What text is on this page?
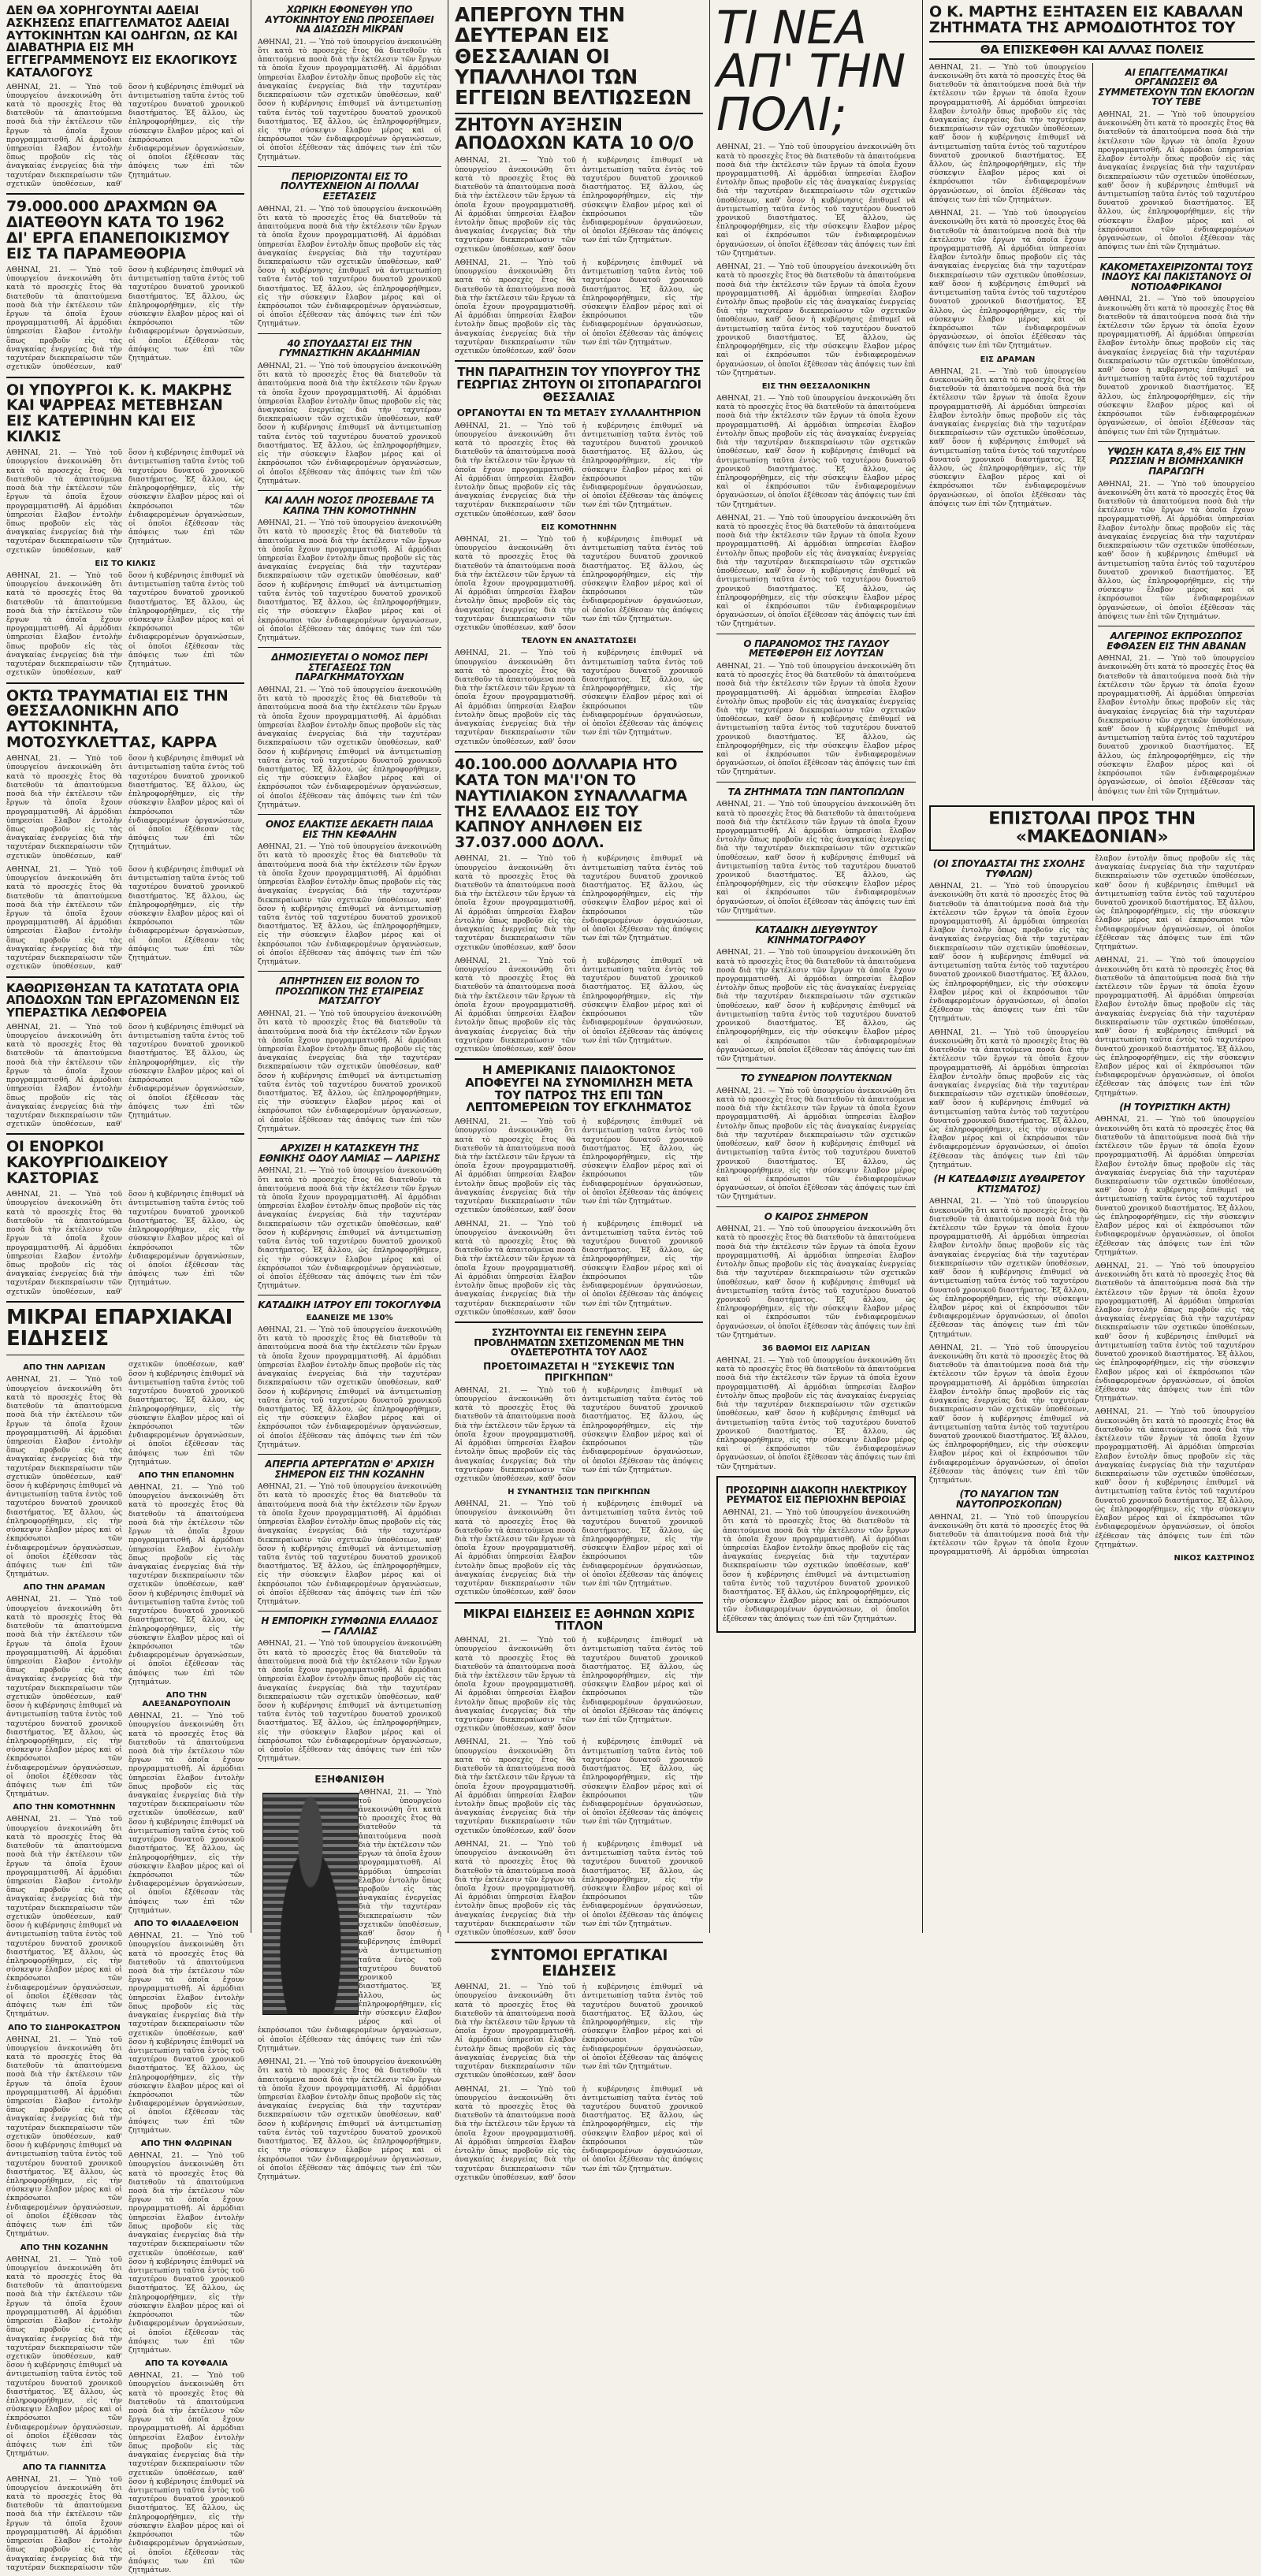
ΔΕΝ ΘΑ ΧΟΡΗΓΟΥΝΤΑΙ ΑΔΕΙΑΙ ΑΣΚΗΣΕΩΣ ΕΠΑΓΓΕΛΜΑΤΟΣ ΑΔΕΙΑΙ ΑΥΤΟΚΙΝΗΤΩΝ ΚΑΙ ΟΔΗΓΩΝ, ΩΣ ΚΑΙ ΔΙΑΒΑΤΗΡΙΑ ΕΙΣ ΜΗ ΕΓΓΕΓΡΑΜΜΕΝΟΥΣ ΕΙΣ ΕΚΛΟΓΙΚΟΥΣ ΚΑΤΑΛΟΓΟΥΣ

ΑΘΗΝΑΙ, 21. — Ὑπὸ τοῦ ὑπουργείου ἀνεκοινώθη ὅτι κατὰ τὸ προσεχὲς ἔτος θὰ διατεθοῦν τὰ ἀπαιτούμενα ποσὰ διὰ τὴν ἐκτέλεσιν τῶν ἔργων τὰ ὁποῖα ἔχουν προγραμματισθῆ. Αἱ ἀρμόδιαι ὑπηρεσίαι ἔλαβον ἐντολὴν ὅπως προβοῦν εἰς τὰς ἀναγκαίας ἐνεργείας διὰ τὴν ταχυτέραν διεκπεραίωσιν τῶν σχετικῶν ὑποθέσεων, καθ' ὅσον ἡ κυβέρνησις ἐπιθυμεῖ νὰ ἀντιμετωπίσῃ ταῦτα ἐντὸς τοῦ ταχυτέρου δυνατοῦ χρονικοῦ διαστήματος. Ἐξ ἄλλου, ὡς ἐπληροφορήθημεν, εἰς τὴν σύσκεψιν ἔλαβον μέρος καὶ οἱ ἐκπρόσωποι τῶν ἐνδιαφερομένων ὀργανώσεων, οἱ ὁποῖοι ἐξέθεσαν τὰς ἀπόψεις των ἐπὶ τῶν ζητημάτων.

79.000.000 ΔΡΑΧΜΩΝ ΘΑ ΔΙΑΤΕΘΟΥΝ ΚΑΤΑ ΤΟ 1962 ΔΙ' ΕΡΓΑ ΕΠΑΝΕΠΟΙΚΙΣΜΟΥ ΕΙΣ ΤΑ ΠΑΡΑΜΕΘΟΡΙΑ

ΑΘΗΝΑΙ, 21. — Ὑπὸ τοῦ ὑπουργείου ἀνεκοινώθη ὅτι κατὰ τὸ προσεχὲς ἔτος θὰ διατεθοῦν τὰ ἀπαιτούμενα ποσὰ διὰ τὴν ἐκτέλεσιν τῶν ἔργων τὰ ὁποῖα ἔχουν προγραμματισθῆ. Αἱ ἀρμόδιαι ὑπηρεσίαι ἔλαβον ἐντολὴν ὅπως προβοῦν εἰς τὰς ἀναγκαίας ἐνεργείας διὰ τὴν ταχυτέραν διεκπεραίωσιν τῶν σχετικῶν ὑποθέσεων, καθ' ὅσον ἡ κυβέρνησις ἐπιθυμεῖ νὰ ἀντιμετωπίσῃ ταῦτα ἐντὸς τοῦ ταχυτέρου δυνατοῦ χρονικοῦ διαστήματος. Ἐξ ἄλλου, ὡς ἐπληροφορήθημεν, εἰς τὴν σύσκεψιν ἔλαβον μέρος καὶ οἱ ἐκπρόσωποι τῶν ἐνδιαφερομένων ὀργανώσεων, οἱ ὁποῖοι ἐξέθεσαν τὰς ἀπόψεις των ἐπὶ τῶν ζητημάτων.

ΟΙ ΥΠΟΥΡΓΟΙ Κ. Κ. ΜΑΚΡΗΣ ΚΑΙ ΨΑΡΡΕΑΣ ΜΕΤΕΒΗΣΑΝ ΕΙΣ ΚΑΤΕΡΙΝΗΝ ΚΑΙ ΕΙΣ ΚΙΛΚΙΣ

ΑΘΗΝΑΙ, 21. — Ὑπὸ τοῦ ὑπουργείου ἀνεκοινώθη ὅτι κατὰ τὸ προσεχὲς ἔτος θὰ διατεθοῦν τὰ ἀπαιτούμενα ποσὰ διὰ τὴν ἐκτέλεσιν τῶν ἔργων τὰ ὁποῖα ἔχουν προγραμματισθῆ. Αἱ ἀρμόδιαι ὑπηρεσίαι ἔλαβον ἐντολὴν ὅπως προβοῦν εἰς τὰς ἀναγκαίας ἐνεργείας διὰ τὴν ταχυτέραν διεκπεραίωσιν τῶν σχετικῶν ὑποθέσεων, καθ' ὅσον ἡ κυβέρνησις ἐπιθυμεῖ νὰ ἀντιμετωπίσῃ ταῦτα ἐντὸς τοῦ ταχυτέρου δυνατοῦ χρονικοῦ διαστήματος. Ἐξ ἄλλου, ὡς ἐπληροφορήθημεν, εἰς τὴν σύσκεψιν ἔλαβον μέρος καὶ οἱ ἐκπρόσωποι τῶν ἐνδιαφερομένων ὀργανώσεων, οἱ ὁποῖοι ἐξέθεσαν τὰς ἀπόψεις των ἐπὶ τῶν ζητημάτων.

ΕΙΣ ΤΟ ΚΙΛΚΙΣ

ΑΘΗΝΑΙ, 21. — Ὑπὸ τοῦ ὑπουργείου ἀνεκοινώθη ὅτι κατὰ τὸ προσεχὲς ἔτος θὰ διατεθοῦν τὰ ἀπαιτούμενα ποσὰ διὰ τὴν ἐκτέλεσιν τῶν ἔργων τὰ ὁποῖα ἔχουν προγραμματισθῆ. Αἱ ἀρμόδιαι ὑπηρεσίαι ἔλαβον ἐντολὴν ὅπως προβοῦν εἰς τὰς ἀναγκαίας ἐνεργείας διὰ τὴν ταχυτέραν διεκπεραίωσιν τῶν σχετικῶν ὑποθέσεων, καθ' ὅσον ἡ κυβέρνησις ἐπιθυμεῖ νὰ ἀντιμετωπίσῃ ταῦτα ἐντὸς τοῦ ταχυτέρου δυνατοῦ χρονικοῦ διαστήματος. Ἐξ ἄλλου, ὡς ἐπληροφορήθημεν, εἰς τὴν σύσκεψιν ἔλαβον μέρος καὶ οἱ ἐκπρόσωποι τῶν ἐνδιαφερομένων ὀργανώσεων, οἱ ὁποῖοι ἐξέθεσαν τὰς ἀπόψεις των ἐπὶ τῶν ζητημάτων.

ΟΚΤΩ ΤΡΑΥΜΑΤΙΑΙ ΕΙΣ ΤΗΝ ΘΕΣΣΑΛΟΝΙΚΗΝ ΑΠΟ ΑΥΤΟΚΙΝΗΤΑ, ΜΟΤΟΣΥΚΛΕΤΤΑΣ, ΚΑΡΡΑ

ΑΘΗΝΑΙ, 21. — Ὑπὸ τοῦ ὑπουργείου ἀνεκοινώθη ὅτι κατὰ τὸ προσεχὲς ἔτος θὰ διατεθοῦν τὰ ἀπαιτούμενα ποσὰ διὰ τὴν ἐκτέλεσιν τῶν ἔργων τὰ ὁποῖα ἔχουν προγραμματισθῆ. Αἱ ἀρμόδιαι ὑπηρεσίαι ἔλαβον ἐντολὴν ὅπως προβοῦν εἰς τὰς ἀναγκαίας ἐνεργείας διὰ τὴν ταχυτέραν διεκπεραίωσιν τῶν σχετικῶν ὑποθέσεων, καθ' ὅσον ἡ κυβέρνησις ἐπιθυμεῖ νὰ ἀντιμετωπίσῃ ταῦτα ἐντὸς τοῦ ταχυτέρου δυνατοῦ χρονικοῦ διαστήματος. Ἐξ ἄλλου, ὡς ἐπληροφορήθημεν, εἰς τὴν σύσκεψιν ἔλαβον μέρος καὶ οἱ ἐκπρόσωποι τῶν ἐνδιαφερομένων ὀργανώσεων, οἱ ὁποῖοι ἐξέθεσαν τὰς ἀπόψεις των ἐπὶ τῶν ζητημάτων.

ΑΘΗΝΑΙ, 21. — Ὑπὸ τοῦ ὑπουργείου ἀνεκοινώθη ὅτι κατὰ τὸ προσεχὲς ἔτος θὰ διατεθοῦν τὰ ἀπαιτούμενα ποσὰ διὰ τὴν ἐκτέλεσιν τῶν ἔργων τὰ ὁποῖα ἔχουν προγραμματισθῆ. Αἱ ἀρμόδιαι ὑπηρεσίαι ἔλαβον ἐντολὴν ὅπως προβοῦν εἰς τὰς ἀναγκαίας ἐνεργείας διὰ τὴν ταχυτέραν διεκπεραίωσιν τῶν σχετικῶν ὑποθέσεων, καθ' ὅσον ἡ κυβέρνησις ἐπιθυμεῖ νὰ ἀντιμετωπίσῃ ταῦτα ἐντὸς τοῦ ταχυτέρου δυνατοῦ χρονικοῦ διαστήματος. Ἐξ ἄλλου, ὡς ἐπληροφορήθημεν, εἰς τὴν σύσκεψιν ἔλαβον μέρος καὶ οἱ ἐκπρόσωποι τῶν ἐνδιαφερομένων ὀργανώσεων, οἱ ὁποῖοι ἐξέθεσαν τὰς ἀπόψεις των ἐπὶ τῶν ζητημάτων.

ΚΑΘΩΡΙΣΘΗΣΑΝ ΤΑ ΚΑΤΩΤΑΤΑ ΟΡΙΑ ΑΠΟΔΟΧΩΝ ΤΩΝ ΕΡΓΑΖΟΜΕΝΩΝ ΕΙΣ ΥΠΕΡΑΣΤΙΚΑ ΛΕΩΦΟΡΕΙΑ

ΑΘΗΝΑΙ, 21. — Ὑπὸ τοῦ ὑπουργείου ἀνεκοινώθη ὅτι κατὰ τὸ προσεχὲς ἔτος θὰ διατεθοῦν τὰ ἀπαιτούμενα ποσὰ διὰ τὴν ἐκτέλεσιν τῶν ἔργων τὰ ὁποῖα ἔχουν προγραμματισθῆ. Αἱ ἀρμόδιαι ὑπηρεσίαι ἔλαβον ἐντολὴν ὅπως προβοῦν εἰς τὰς ἀναγκαίας ἐνεργείας διὰ τὴν ταχυτέραν διεκπεραίωσιν τῶν σχετικῶν ὑποθέσεων, καθ' ὅσον ἡ κυβέρνησις ἐπιθυμεῖ νὰ ἀντιμετωπίσῃ ταῦτα ἐντὸς τοῦ ταχυτέρου δυνατοῦ χρονικοῦ διαστήματος. Ἐξ ἄλλου, ὡς ἐπληροφορήθημεν, εἰς τὴν σύσκεψιν ἔλαβον μέρος καὶ οἱ ἐκπρόσωποι τῶν ἐνδιαφερομένων ὀργανώσεων, οἱ ὁποῖοι ἐξέθεσαν τὰς ἀπόψεις των ἐπὶ τῶν ζητημάτων.

ΟΙ ΕΝΟΡΚΟΙ ΚΑΚΟΥΡΓΙΟΔΙΚΕΙΟΥ ΚΑΣΤΟΡΙΑΣ

ΑΘΗΝΑΙ, 21. — Ὑπὸ τοῦ ὑπουργείου ἀνεκοινώθη ὅτι κατὰ τὸ προσεχὲς ἔτος θὰ διατεθοῦν τὰ ἀπαιτούμενα ποσὰ διὰ τὴν ἐκτέλεσιν τῶν ἔργων τὰ ὁποῖα ἔχουν προγραμματισθῆ. Αἱ ἀρμόδιαι ὑπηρεσίαι ἔλαβον ἐντολὴν ὅπως προβοῦν εἰς τὰς ἀναγκαίας ἐνεργείας διὰ τὴν ταχυτέραν διεκπεραίωσιν τῶν σχετικῶν ὑποθέσεων, καθ' ὅσον ἡ κυβέρνησις ἐπιθυμεῖ νὰ ἀντιμετωπίσῃ ταῦτα ἐντὸς τοῦ ταχυτέρου δυνατοῦ χρονικοῦ διαστήματος. Ἐξ ἄλλου, ὡς ἐπληροφορήθημεν, εἰς τὴν σύσκεψιν ἔλαβον μέρος καὶ οἱ ἐκπρόσωποι τῶν ἐνδιαφερομένων ὀργανώσεων, οἱ ὁποῖοι ἐξέθεσαν τὰς ἀπόψεις των ἐπὶ τῶν ζητημάτων.

ΜΙΚΡΑΙ ΕΠΑΡΧΙΑΚΑΙ ΕΙΔΗΣΕΙΣ
ΑΠΟ ΤΗΝ ΛΑΡΙΣΑΝ

ΑΘΗΝΑΙ, 21. — Ὑπὸ τοῦ ὑπουργείου ἀνεκοινώθη ὅτι κατὰ τὸ προσεχὲς ἔτος θὰ διατεθοῦν τὰ ἀπαιτούμενα ποσὰ διὰ τὴν ἐκτέλεσιν τῶν ἔργων τὰ ὁποῖα ἔχουν προγραμματισθῆ. Αἱ ἀρμόδιαι ὑπηρεσίαι ἔλαβον ἐντολὴν ὅπως προβοῦν εἰς τὰς ἀναγκαίας ἐνεργείας διὰ τὴν ταχυτέραν διεκπεραίωσιν τῶν σχετικῶν ὑποθέσεων, καθ' ὅσον ἡ κυβέρνησις ἐπιθυμεῖ νὰ ἀντιμετωπίσῃ ταῦτα ἐντὸς τοῦ ταχυτέρου δυνατοῦ χρονικοῦ διαστήματος. Ἐξ ἄλλου, ὡς ἐπληροφορήθημεν, εἰς τὴν σύσκεψιν ἔλαβον μέρος καὶ οἱ ἐκπρόσωποι τῶν ἐνδιαφερομένων ὀργανώσεων, οἱ ὁποῖοι ἐξέθεσαν τὰς ἀπόψεις των ἐπὶ τῶν ζητημάτων.

ΑΠΟ ΤΗΝ ΔΡΑΜΑΝ

ΑΘΗΝΑΙ, 21. — Ὑπὸ τοῦ ὑπουργείου ἀνεκοινώθη ὅτι κατὰ τὸ προσεχὲς ἔτος θὰ διατεθοῦν τὰ ἀπαιτούμενα ποσὰ διὰ τὴν ἐκτέλεσιν τῶν ἔργων τὰ ὁποῖα ἔχουν προγραμματισθῆ. Αἱ ἀρμόδιαι ὑπηρεσίαι ἔλαβον ἐντολὴν ὅπως προβοῦν εἰς τὰς ἀναγκαίας ἐνεργείας διὰ τὴν ταχυτέραν διεκπεραίωσιν τῶν σχετικῶν ὑποθέσεων, καθ' ὅσον ἡ κυβέρνησις ἐπιθυμεῖ νὰ ἀντιμετωπίσῃ ταῦτα ἐντὸς τοῦ ταχυτέρου δυνατοῦ χρονικοῦ διαστήματος. Ἐξ ἄλλου, ὡς ἐπληροφορήθημεν, εἰς τὴν σύσκεψιν ἔλαβον μέρος καὶ οἱ ἐκπρόσωποι τῶν ἐνδιαφερομένων ὀργανώσεων, οἱ ὁποῖοι ἐξέθεσαν τὰς ἀπόψεις των ἐπὶ τῶν ζητημάτων.

ΑΠΟ ΤΗΝ ΚΟΜΟΤΗΝΗΝ

ΑΘΗΝΑΙ, 21. — Ὑπὸ τοῦ ὑπουργείου ἀνεκοινώθη ὅτι κατὰ τὸ προσεχὲς ἔτος θὰ διατεθοῦν τὰ ἀπαιτούμενα ποσὰ διὰ τὴν ἐκτέλεσιν τῶν ἔργων τὰ ὁποῖα ἔχουν προγραμματισθῆ. Αἱ ἀρμόδιαι ὑπηρεσίαι ἔλαβον ἐντολὴν ὅπως προβοῦν εἰς τὰς ἀναγκαίας ἐνεργείας διὰ τὴν ταχυτέραν διεκπεραίωσιν τῶν σχετικῶν ὑποθέσεων, καθ' ὅσον ἡ κυβέρνησις ἐπιθυμεῖ νὰ ἀντιμετωπίσῃ ταῦτα ἐντὸς τοῦ ταχυτέρου δυνατοῦ χρονικοῦ διαστήματος. Ἐξ ἄλλου, ὡς ἐπληροφορήθημεν, εἰς τὴν σύσκεψιν ἔλαβον μέρος καὶ οἱ ἐκπρόσωποι τῶν ἐνδιαφερομένων ὀργανώσεων, οἱ ὁποῖοι ἐξέθεσαν τὰς ἀπόψεις των ἐπὶ τῶν ζητημάτων.

ΑΠΟ ΤΟ ΣΙΔΗΡΟΚΑΣΤΡΟΝ

ΑΘΗΝΑΙ, 21. — Ὑπὸ τοῦ ὑπουργείου ἀνεκοινώθη ὅτι κατὰ τὸ προσεχὲς ἔτος θὰ διατεθοῦν τὰ ἀπαιτούμενα ποσὰ διὰ τὴν ἐκτέλεσιν τῶν ἔργων τὰ ὁποῖα ἔχουν προγραμματισθῆ. Αἱ ἀρμόδιαι ὑπηρεσίαι ἔλαβον ἐντολὴν ὅπως προβοῦν εἰς τὰς ἀναγκαίας ἐνεργείας διὰ τὴν ταχυτέραν διεκπεραίωσιν τῶν σχετικῶν ὑποθέσεων, καθ' ὅσον ἡ κυβέρνησις ἐπιθυμεῖ νὰ ἀντιμετωπίσῃ ταῦτα ἐντὸς τοῦ ταχυτέρου δυνατοῦ χρονικοῦ διαστήματος. Ἐξ ἄλλου, ὡς ἐπληροφορήθημεν, εἰς τὴν σύσκεψιν ἔλαβον μέρος καὶ οἱ ἐκπρόσωποι τῶν ἐνδιαφερομένων ὀργανώσεων, οἱ ὁποῖοι ἐξέθεσαν τὰς ἀπόψεις των ἐπὶ τῶν ζητημάτων.

ΑΠΟ ΤΗΝ ΚΟΖΑΝΗΝ

ΑΘΗΝΑΙ, 21. — Ὑπὸ τοῦ ὑπουργείου ἀνεκοινώθη ὅτι κατὰ τὸ προσεχὲς ἔτος θὰ διατεθοῦν τὰ ἀπαιτούμενα ποσὰ διὰ τὴν ἐκτέλεσιν τῶν ἔργων τὰ ὁποῖα ἔχουν προγραμματισθῆ. Αἱ ἀρμόδιαι ὑπηρεσίαι ἔλαβον ἐντολὴν ὅπως προβοῦν εἰς τὰς ἀναγκαίας ἐνεργείας διὰ τὴν ταχυτέραν διεκπεραίωσιν τῶν σχετικῶν ὑποθέσεων, καθ' ὅσον ἡ κυβέρνησις ἐπιθυμεῖ νὰ ἀντιμετωπίσῃ ταῦτα ἐντὸς τοῦ ταχυτέρου δυνατοῦ χρονικοῦ διαστήματος. Ἐξ ἄλλου, ὡς ἐπληροφορήθημεν, εἰς τὴν σύσκεψιν ἔλαβον μέρος καὶ οἱ ἐκπρόσωποι τῶν ἐνδιαφερομένων ὀργανώσεων, οἱ ὁποῖοι ἐξέθεσαν τὰς ἀπόψεις των ἐπὶ τῶν ζητημάτων.

ΑΠΟ ΤΑ ΓΙΑΝΝΙΤΣΑ

ΑΘΗΝΑΙ, 21. — Ὑπὸ τοῦ ὑπουργείου ἀνεκοινώθη ὅτι κατὰ τὸ προσεχὲς ἔτος θὰ διατεθοῦν τὰ ἀπαιτούμενα ποσὰ διὰ τὴν ἐκτέλεσιν τῶν ἔργων τὰ ὁποῖα ἔχουν προγραμματισθῆ. Αἱ ἀρμόδιαι ὑπηρεσίαι ἔλαβον ἐντολὴν ὅπως προβοῦν εἰς τὰς ἀναγκαίας ἐνεργείας διὰ τὴν ταχυτέραν διεκπεραίωσιν τῶν σχετικῶν ὑποθέσεων, καθ' ὅσον ἡ κυβέρνησις ἐπιθυμεῖ νὰ ἀντιμετωπίσῃ ταῦτα ἐντὸς τοῦ ταχυτέρου δυνατοῦ χρονικοῦ διαστήματος. Ἐξ ἄλλου, ὡς ἐπληροφορήθημεν, εἰς τὴν σύσκεψιν ἔλαβον μέρος καὶ οἱ ἐκπρόσωποι τῶν ἐνδιαφερομένων ὀργανώσεων, οἱ ὁποῖοι ἐξέθεσαν τὰς ἀπόψεις των ἐπὶ τῶν ζητημάτων.

ΑΠΟ ΤΗΝ ΕΠΑΝΟΜΗΝ

ΑΘΗΝΑΙ, 21. — Ὑπὸ τοῦ ὑπουργείου ἀνεκοινώθη ὅτι κατὰ τὸ προσεχὲς ἔτος θὰ διατεθοῦν τὰ ἀπαιτούμενα ποσὰ διὰ τὴν ἐκτέλεσιν τῶν ἔργων τὰ ὁποῖα ἔχουν προγραμματισθῆ. Αἱ ἀρμόδιαι ὑπηρεσίαι ἔλαβον ἐντολὴν ὅπως προβοῦν εἰς τὰς ἀναγκαίας ἐνεργείας διὰ τὴν ταχυτέραν διεκπεραίωσιν τῶν σχετικῶν ὑποθέσεων, καθ' ὅσον ἡ κυβέρνησις ἐπιθυμεῖ νὰ ἀντιμετωπίσῃ ταῦτα ἐντὸς τοῦ ταχυτέρου δυνατοῦ χρονικοῦ διαστήματος. Ἐξ ἄλλου, ὡς ἐπληροφορήθημεν, εἰς τὴν σύσκεψιν ἔλαβον μέρος καὶ οἱ ἐκπρόσωποι τῶν ἐνδιαφερομένων ὀργανώσεων, οἱ ὁποῖοι ἐξέθεσαν τὰς ἀπόψεις των ἐπὶ τῶν ζητημάτων.

ΑΠΟ ΤΗΝ ΑΛΕΞΑΝΔΡΟΥΠΟΛΙΝ

ΑΘΗΝΑΙ, 21. — Ὑπὸ τοῦ ὑπουργείου ἀνεκοινώθη ὅτι κατὰ τὸ προσεχὲς ἔτος θὰ διατεθοῦν τὰ ἀπαιτούμενα ποσὰ διὰ τὴν ἐκτέλεσιν τῶν ἔργων τὰ ὁποῖα ἔχουν προγραμματισθῆ. Αἱ ἀρμόδιαι ὑπηρεσίαι ἔλαβον ἐντολὴν ὅπως προβοῦν εἰς τὰς ἀναγκαίας ἐνεργείας διὰ τὴν ταχυτέραν διεκπεραίωσιν τῶν σχετικῶν ὑποθέσεων, καθ' ὅσον ἡ κυβέρνησις ἐπιθυμεῖ νὰ ἀντιμετωπίσῃ ταῦτα ἐντὸς τοῦ ταχυτέρου δυνατοῦ χρονικοῦ διαστήματος. Ἐξ ἄλλου, ὡς ἐπληροφορήθημεν, εἰς τὴν σύσκεψιν ἔλαβον μέρος καὶ οἱ ἐκπρόσωποι τῶν ἐνδιαφερομένων ὀργανώσεων, οἱ ὁποῖοι ἐξέθεσαν τὰς ἀπόψεις των ἐπὶ τῶν ζητημάτων.

ΑΠΟ ΤΟ ΦΙΛΑΔΕΛΦΕΙΟΝ

ΑΘΗΝΑΙ, 21. — Ὑπὸ τοῦ ὑπουργείου ἀνεκοινώθη ὅτι κατὰ τὸ προσεχὲς ἔτος θὰ διατεθοῦν τὰ ἀπαιτούμενα ποσὰ διὰ τὴν ἐκτέλεσιν τῶν ἔργων τὰ ὁποῖα ἔχουν προγραμματισθῆ. Αἱ ἀρμόδιαι ὑπηρεσίαι ἔλαβον ἐντολὴν ὅπως προβοῦν εἰς τὰς ἀναγκαίας ἐνεργείας διὰ τὴν ταχυτέραν διεκπεραίωσιν τῶν σχετικῶν ὑποθέσεων, καθ' ὅσον ἡ κυβέρνησις ἐπιθυμεῖ νὰ ἀντιμετωπίσῃ ταῦτα ἐντὸς τοῦ ταχυτέρου δυνατοῦ χρονικοῦ διαστήματος. Ἐξ ἄλλου, ὡς ἐπληροφορήθημεν, εἰς τὴν σύσκεψιν ἔλαβον μέρος καὶ οἱ ἐκπρόσωποι τῶν ἐνδιαφερομένων ὀργανώσεων, οἱ ὁποῖοι ἐξέθεσαν τὰς ἀπόψεις των ἐπὶ τῶν ζητημάτων.

ΑΠΟ ΤΗΝ ΦΛΩΡΙΝΑΝ

ΑΘΗΝΑΙ, 21. — Ὑπὸ τοῦ ὑπουργείου ἀνεκοινώθη ὅτι κατὰ τὸ προσεχὲς ἔτος θὰ διατεθοῦν τὰ ἀπαιτούμενα ποσὰ διὰ τὴν ἐκτέλεσιν τῶν ἔργων τὰ ὁποῖα ἔχουν προγραμματισθῆ. Αἱ ἀρμόδιαι ὑπηρεσίαι ἔλαβον ἐντολὴν ὅπως προβοῦν εἰς τὰς ἀναγκαίας ἐνεργείας διὰ τὴν ταχυτέραν διεκπεραίωσιν τῶν σχετικῶν ὑποθέσεων, καθ' ὅσον ἡ κυβέρνησις ἐπιθυμεῖ νὰ ἀντιμετωπίσῃ ταῦτα ἐντὸς τοῦ ταχυτέρου δυνατοῦ χρονικοῦ διαστήματος. Ἐξ ἄλλου, ὡς ἐπληροφορήθημεν, εἰς τὴν σύσκεψιν ἔλαβον μέρος καὶ οἱ ἐκπρόσωποι τῶν ἐνδιαφερομένων ὀργανώσεων, οἱ ὁποῖοι ἐξέθεσαν τὰς ἀπόψεις των ἐπὶ τῶν ζητημάτων.

ΑΠΟ ΤΑ ΚΟΥΦΑΛΙΑ

ΑΘΗΝΑΙ, 21. — Ὑπὸ τοῦ ὑπουργείου ἀνεκοινώθη ὅτι κατὰ τὸ προσεχὲς ἔτος θὰ διατεθοῦν τὰ ἀπαιτούμενα ποσὰ διὰ τὴν ἐκτέλεσιν τῶν ἔργων τὰ ὁποῖα ἔχουν προγραμματισθῆ. Αἱ ἀρμόδιαι ὑπηρεσίαι ἔλαβον ἐντολὴν ὅπως προβοῦν εἰς τὰς ἀναγκαίας ἐνεργείας διὰ τὴν ταχυτέραν διεκπεραίωσιν τῶν σχετικῶν ὑποθέσεων, καθ' ὅσον ἡ κυβέρνησις ἐπιθυμεῖ νὰ ἀντιμετωπίσῃ ταῦτα ἐντὸς τοῦ ταχυτέρου δυνατοῦ χρονικοῦ διαστήματος. Ἐξ ἄλλου, ὡς ἐπληροφορήθημεν, εἰς τὴν σύσκεψιν ἔλαβον μέρος καὶ οἱ ἐκπρόσωποι τῶν ἐνδιαφερομένων ὀργανώσεων, οἱ ὁποῖοι ἐξέθεσαν τὰς ἀπόψεις των ἐπὶ τῶν ζητημάτων.

ΧΩΡΙΚΗ ΕΦΟΝΕΥΘΗ ΥΠΟ ΑΥΤΟΚΙΝΗΤΟΥ ΕΝΩ ΠΡΟΣΕΠΑΘΕΙ ΝΑ ΔΙΑΣΩΣΗ ΜΙΚΡΑΝ

ΑΘΗΝΑΙ, 21. — Ὑπὸ τοῦ ὑπουργείου ἀνεκοινώθη ὅτι κατὰ τὸ προσεχὲς ἔτος θὰ διατεθοῦν τὰ ἀπαιτούμενα ποσὰ διὰ τὴν ἐκτέλεσιν τῶν ἔργων τὰ ὁποῖα ἔχουν προγραμματισθῆ. Αἱ ἀρμόδιαι ὑπηρεσίαι ἔλαβον ἐντολὴν ὅπως προβοῦν εἰς τὰς ἀναγκαίας ἐνεργείας διὰ τὴν ταχυτέραν διεκπεραίωσιν τῶν σχετικῶν ὑποθέσεων, καθ' ὅσον ἡ κυβέρνησις ἐπιθυμεῖ νὰ ἀντιμετωπίσῃ ταῦτα ἐντὸς τοῦ ταχυτέρου δυνατοῦ χρονικοῦ διαστήματος. Ἐξ ἄλλου, ὡς ἐπληροφορήθημεν, εἰς τὴν σύσκεψιν ἔλαβον μέρος καὶ οἱ ἐκπρόσωποι τῶν ἐνδιαφερομένων ὀργανώσεων, οἱ ὁποῖοι ἐξέθεσαν τὰς ἀπόψεις των ἐπὶ τῶν ζητημάτων.

ΠΕΡΙΟΡΙΖΟΝΤΑΙ ΕΙΣ ΤΟ ΠΟΛΥΤΕΧΝΕΙΟΝ ΑΙ ΠΟΛΛΑΙ ΕΞΕΤΑΣΕΙΣ

ΑΘΗΝΑΙ, 21. — Ὑπὸ τοῦ ὑπουργείου ἀνεκοινώθη ὅτι κατὰ τὸ προσεχὲς ἔτος θὰ διατεθοῦν τὰ ἀπαιτούμενα ποσὰ διὰ τὴν ἐκτέλεσιν τῶν ἔργων τὰ ὁποῖα ἔχουν προγραμματισθῆ. Αἱ ἀρμόδιαι ὑπηρεσίαι ἔλαβον ἐντολὴν ὅπως προβοῦν εἰς τὰς ἀναγκαίας ἐνεργείας διὰ τὴν ταχυτέραν διεκπεραίωσιν τῶν σχετικῶν ὑποθέσεων, καθ' ὅσον ἡ κυβέρνησις ἐπιθυμεῖ νὰ ἀντιμετωπίσῃ ταῦτα ἐντὸς τοῦ ταχυτέρου δυνατοῦ χρονικοῦ διαστήματος. Ἐξ ἄλλου, ὡς ἐπληροφορήθημεν, εἰς τὴν σύσκεψιν ἔλαβον μέρος καὶ οἱ ἐκπρόσωποι τῶν ἐνδιαφερομένων ὀργανώσεων, οἱ ὁποῖοι ἐξέθεσαν τὰς ἀπόψεις των ἐπὶ τῶν ζητημάτων.

40 ΣΠΟΥΔΑΣΤΑΙ ΕΙΣ ΤΗΝ ΓΥΜΝΑΣΤΙΚΗΝ ΑΚΑΔΗΜΙΑΝ

ΑΘΗΝΑΙ, 21. — Ὑπὸ τοῦ ὑπουργείου ἀνεκοινώθη ὅτι κατὰ τὸ προσεχὲς ἔτος θὰ διατεθοῦν τὰ ἀπαιτούμενα ποσὰ διὰ τὴν ἐκτέλεσιν τῶν ἔργων τὰ ὁποῖα ἔχουν προγραμματισθῆ. Αἱ ἀρμόδιαι ὑπηρεσίαι ἔλαβον ἐντολὴν ὅπως προβοῦν εἰς τὰς ἀναγκαίας ἐνεργείας διὰ τὴν ταχυτέραν διεκπεραίωσιν τῶν σχετικῶν ὑποθέσεων, καθ' ὅσον ἡ κυβέρνησις ἐπιθυμεῖ νὰ ἀντιμετωπίσῃ ταῦτα ἐντὸς τοῦ ταχυτέρου δυνατοῦ χρονικοῦ διαστήματος. Ἐξ ἄλλου, ὡς ἐπληροφορήθημεν, εἰς τὴν σύσκεψιν ἔλαβον μέρος καὶ οἱ ἐκπρόσωποι τῶν ἐνδιαφερομένων ὀργανώσεων, οἱ ὁποῖοι ἐξέθεσαν τὰς ἀπόψεις των ἐπὶ τῶν ζητημάτων.

ΚΑΙ ΑΛΛΗ ΝΟΣΟΣ ΠΡΟΣΕΒΑΛΕ ΤΑ ΚΑΠΝΑ ΤΗΝ ΚΟΜΟΤΗΝΗΝ

ΑΘΗΝΑΙ, 21. — Ὑπὸ τοῦ ὑπουργείου ἀνεκοινώθη ὅτι κατὰ τὸ προσεχὲς ἔτος θὰ διατεθοῦν τὰ ἀπαιτούμενα ποσὰ διὰ τὴν ἐκτέλεσιν τῶν ἔργων τὰ ὁποῖα ἔχουν προγραμματισθῆ. Αἱ ἀρμόδιαι ὑπηρεσίαι ἔλαβον ἐντολὴν ὅπως προβοῦν εἰς τὰς ἀναγκαίας ἐνεργείας διὰ τὴν ταχυτέραν διεκπεραίωσιν τῶν σχετικῶν ὑποθέσεων, καθ' ὅσον ἡ κυβέρνησις ἐπιθυμεῖ νὰ ἀντιμετωπίσῃ ταῦτα ἐντὸς τοῦ ταχυτέρου δυνατοῦ χρονικοῦ διαστήματος. Ἐξ ἄλλου, ὡς ἐπληροφορήθημεν, εἰς τὴν σύσκεψιν ἔλαβον μέρος καὶ οἱ ἐκπρόσωποι τῶν ἐνδιαφερομένων ὀργανώσεων, οἱ ὁποῖοι ἐξέθεσαν τὰς ἀπόψεις των ἐπὶ τῶν ζητημάτων.

ΔΗΜΟΣΙΕΥΕΤΑΙ Ο ΝΟΜΟΣ ΠΕΡΙ ΣΤΕΓΑΣΕΩΣ ΤΩΝ ΠΑΡΑΓΚΗΜΑΤΟΥΧΩΝ

ΑΘΗΝΑΙ, 21. — Ὑπὸ τοῦ ὑπουργείου ἀνεκοινώθη ὅτι κατὰ τὸ προσεχὲς ἔτος θὰ διατεθοῦν τὰ ἀπαιτούμενα ποσὰ διὰ τὴν ἐκτέλεσιν τῶν ἔργων τὰ ὁποῖα ἔχουν προγραμματισθῆ. Αἱ ἀρμόδιαι ὑπηρεσίαι ἔλαβον ἐντολὴν ὅπως προβοῦν εἰς τὰς ἀναγκαίας ἐνεργείας διὰ τὴν ταχυτέραν διεκπεραίωσιν τῶν σχετικῶν ὑποθέσεων, καθ' ὅσον ἡ κυβέρνησις ἐπιθυμεῖ νὰ ἀντιμετωπίσῃ ταῦτα ἐντὸς τοῦ ταχυτέρου δυνατοῦ χρονικοῦ διαστήματος. Ἐξ ἄλλου, ὡς ἐπληροφορήθημεν, εἰς τὴν σύσκεψιν ἔλαβον μέρος καὶ οἱ ἐκπρόσωποι τῶν ἐνδιαφερομένων ὀργανώσεων, οἱ ὁποῖοι ἐξέθεσαν τὰς ἀπόψεις των ἐπὶ τῶν ζητημάτων.

ΟΝΟΣ ΕΛΑΚΤΙΣΕ ΔΕΚΑΕΤΗ ΠΑΙΔΑ ΕΙΣ ΤΗΝ ΚΕΦΑΛΗΝ

ΑΘΗΝΑΙ, 21. — Ὑπὸ τοῦ ὑπουργείου ἀνεκοινώθη ὅτι κατὰ τὸ προσεχὲς ἔτος θὰ διατεθοῦν τὰ ἀπαιτούμενα ποσὰ διὰ τὴν ἐκτέλεσιν τῶν ἔργων τὰ ὁποῖα ἔχουν προγραμματισθῆ. Αἱ ἀρμόδιαι ὑπηρεσίαι ἔλαβον ἐντολὴν ὅπως προβοῦν εἰς τὰς ἀναγκαίας ἐνεργείας διὰ τὴν ταχυτέραν διεκπεραίωσιν τῶν σχετικῶν ὑποθέσεων, καθ' ὅσον ἡ κυβέρνησις ἐπιθυμεῖ νὰ ἀντιμετωπίσῃ ταῦτα ἐντὸς τοῦ ταχυτέρου δυνατοῦ χρονικοῦ διαστήματος. Ἐξ ἄλλου, ὡς ἐπληροφορήθημεν, εἰς τὴν σύσκεψιν ἔλαβον μέρος καὶ οἱ ἐκπρόσωποι τῶν ἐνδιαφερομένων ὀργανώσεων, οἱ ὁποῖοι ἐξέθεσαν τὰς ἀπόψεις των ἐπὶ τῶν ζητημάτων.

ΑΠΗΡΤΗΣΕΝ ΕΙΣ ΒΟΛΟΝ ΤΟ ΠΡΟΣΩΠΙΚΟΝ ΤΗΣ ΕΤΑΙΡΕΙΑΣ ΜΑΤΣΑΓΓΟΥ

ΑΘΗΝΑΙ, 21. — Ὑπὸ τοῦ ὑπουργείου ἀνεκοινώθη ὅτι κατὰ τὸ προσεχὲς ἔτος θὰ διατεθοῦν τὰ ἀπαιτούμενα ποσὰ διὰ τὴν ἐκτέλεσιν τῶν ἔργων τὰ ὁποῖα ἔχουν προγραμματισθῆ. Αἱ ἀρμόδιαι ὑπηρεσίαι ἔλαβον ἐντολὴν ὅπως προβοῦν εἰς τὰς ἀναγκαίας ἐνεργείας διὰ τὴν ταχυτέραν διεκπεραίωσιν τῶν σχετικῶν ὑποθέσεων, καθ' ὅσον ἡ κυβέρνησις ἐπιθυμεῖ νὰ ἀντιμετωπίσῃ ταῦτα ἐντὸς τοῦ ταχυτέρου δυνατοῦ χρονικοῦ διαστήματος. Ἐξ ἄλλου, ὡς ἐπληροφορήθημεν, εἰς τὴν σύσκεψιν ἔλαβον μέρος καὶ οἱ ἐκπρόσωποι τῶν ἐνδιαφερομένων ὀργανώσεων, οἱ ὁποῖοι ἐξέθεσαν τὰς ἀπόψεις των ἐπὶ τῶν ζητημάτων.

ΑΡΧΙΖΕΙ Η ΚΑΤΑΣΚΕΥΗ ΤΗΣ ΕΘΝΙΚΗΣ ΟΔΟΥ ΛΑΜΙΑΣ — ΛΑΡΙΣΗΣ

ΑΘΗΝΑΙ, 21. — Ὑπὸ τοῦ ὑπουργείου ἀνεκοινώθη ὅτι κατὰ τὸ προσεχὲς ἔτος θὰ διατεθοῦν τὰ ἀπαιτούμενα ποσὰ διὰ τὴν ἐκτέλεσιν τῶν ἔργων τὰ ὁποῖα ἔχουν προγραμματισθῆ. Αἱ ἀρμόδιαι ὑπηρεσίαι ἔλαβον ἐντολὴν ὅπως προβοῦν εἰς τὰς ἀναγκαίας ἐνεργείας διὰ τὴν ταχυτέραν διεκπεραίωσιν τῶν σχετικῶν ὑποθέσεων, καθ' ὅσον ἡ κυβέρνησις ἐπιθυμεῖ νὰ ἀντιμετωπίσῃ ταῦτα ἐντὸς τοῦ ταχυτέρου δυνατοῦ χρονικοῦ διαστήματος. Ἐξ ἄλλου, ὡς ἐπληροφορήθημεν, εἰς τὴν σύσκεψιν ἔλαβον μέρος καὶ οἱ ἐκπρόσωποι τῶν ἐνδιαφερομένων ὀργανώσεων, οἱ ὁποῖοι ἐξέθεσαν τὰς ἀπόψεις των ἐπὶ τῶν ζητημάτων.

ΚΑΤΑΔΙΚΗ ΙΑΤΡΟΥ ΕΠΙ ΤΟΚΟΓΛΥΦΙΑ
ΕΔΑΝΕΙΖΕ ΜΕ 130%

ΑΘΗΝΑΙ, 21. — Ὑπὸ τοῦ ὑπουργείου ἀνεκοινώθη ὅτι κατὰ τὸ προσεχὲς ἔτος θὰ διατεθοῦν τὰ ἀπαιτούμενα ποσὰ διὰ τὴν ἐκτέλεσιν τῶν ἔργων τὰ ὁποῖα ἔχουν προγραμματισθῆ. Αἱ ἀρμόδιαι ὑπηρεσίαι ἔλαβον ἐντολὴν ὅπως προβοῦν εἰς τὰς ἀναγκαίας ἐνεργείας διὰ τὴν ταχυτέραν διεκπεραίωσιν τῶν σχετικῶν ὑποθέσεων, καθ' ὅσον ἡ κυβέρνησις ἐπιθυμεῖ νὰ ἀντιμετωπίσῃ ταῦτα ἐντὸς τοῦ ταχυτέρου δυνατοῦ χρονικοῦ διαστήματος. Ἐξ ἄλλου, ὡς ἐπληροφορήθημεν, εἰς τὴν σύσκεψιν ἔλαβον μέρος καὶ οἱ ἐκπρόσωποι τῶν ἐνδιαφερομένων ὀργανώσεων, οἱ ὁποῖοι ἐξέθεσαν τὰς ἀπόψεις των ἐπὶ τῶν ζητημάτων.

ΑΠΕΡΓΙΑ ΑΡΤΕΡΓΑΤΩΝ Θ' ΑΡΧΙΣΗ ΣΗΜΕΡΟΝ ΕΙΣ ΤΗΝ ΚΟΖΑΝΗΝ

ΑΘΗΝΑΙ, 21. — Ὑπὸ τοῦ ὑπουργείου ἀνεκοινώθη ὅτι κατὰ τὸ προσεχὲς ἔτος θὰ διατεθοῦν τὰ ἀπαιτούμενα ποσὰ διὰ τὴν ἐκτέλεσιν τῶν ἔργων τὰ ὁποῖα ἔχουν προγραμματισθῆ. Αἱ ἀρμόδιαι ὑπηρεσίαι ἔλαβον ἐντολὴν ὅπως προβοῦν εἰς τὰς ἀναγκαίας ἐνεργείας διὰ τὴν ταχυτέραν διεκπεραίωσιν τῶν σχετικῶν ὑποθέσεων, καθ' ὅσον ἡ κυβέρνησις ἐπιθυμεῖ νὰ ἀντιμετωπίσῃ ταῦτα ἐντὸς τοῦ ταχυτέρου δυνατοῦ χρονικοῦ διαστήματος. Ἐξ ἄλλου, ὡς ἐπληροφορήθημεν, εἰς τὴν σύσκεψιν ἔλαβον μέρος καὶ οἱ ἐκπρόσωποι τῶν ἐνδιαφερομένων ὀργανώσεων, οἱ ὁποῖοι ἐξέθεσαν τὰς ἀπόψεις των ἐπὶ τῶν ζητημάτων.

Η ΕΜΠΟΡΙΚΗ ΣΥΜΦΩΝΙΑ ΕΛΛΑΔΟΣ — ΓΑΛΛΙΑΣ

ΑΘΗΝΑΙ, 21. — Ὑπὸ τοῦ ὑπουργείου ἀνεκοινώθη ὅτι κατὰ τὸ προσεχὲς ἔτος θὰ διατεθοῦν τὰ ἀπαιτούμενα ποσὰ διὰ τὴν ἐκτέλεσιν τῶν ἔργων τὰ ὁποῖα ἔχουν προγραμματισθῆ. Αἱ ἀρμόδιαι ὑπηρεσίαι ἔλαβον ἐντολὴν ὅπως προβοῦν εἰς τὰς ἀναγκαίας ἐνεργείας διὰ τὴν ταχυτέραν διεκπεραίωσιν τῶν σχετικῶν ὑποθέσεων, καθ' ὅσον ἡ κυβέρνησις ἐπιθυμεῖ νὰ ἀντιμετωπίσῃ ταῦτα ἐντὸς τοῦ ταχυτέρου δυνατοῦ χρονικοῦ διαστήματος. Ἐξ ἄλλου, ὡς ἐπληροφορήθημεν, εἰς τὴν σύσκεψιν ἔλαβον μέρος καὶ οἱ ἐκπρόσωποι τῶν ἐνδιαφερομένων ὀργανώσεων, οἱ ὁποῖοι ἐξέθεσαν τὰς ἀπόψεις των ἐπὶ τῶν ζητημάτων.

ΕΞΗΦΑΝΙΣΘΗ

ΑΘΗΝΑΙ, 21. — Ὑπὸ τοῦ ὑπουργείου ἀνεκοινώθη ὅτι κατὰ τὸ προσεχὲς ἔτος θὰ διατεθοῦν τὰ ἀπαιτούμενα ποσὰ διὰ τὴν ἐκτέλεσιν τῶν ἔργων τὰ ὁποῖα ἔχουν προγραμματισθῆ. Αἱ ἀρμόδιαι ὑπηρεσίαι ἔλαβον ἐντολὴν ὅπως προβοῦν εἰς τὰς ἀναγκαίας ἐνεργείας διὰ τὴν ταχυτέραν διεκπεραίωσιν τῶν σχετικῶν ὑποθέσεων, καθ' ὅσον ἡ κυβέρνησις ἐπιθυμεῖ νὰ ἀντιμετωπίσῃ ταῦτα ἐντὸς τοῦ ταχυτέρου δυνατοῦ χρονικοῦ διαστήματος. Ἐξ ἄλλου, ὡς ἐπληροφορήθημεν, εἰς τὴν σύσκεψιν ἔλαβον μέρος καὶ οἱ ἐκπρόσωποι τῶν ἐνδιαφερομένων ὀργανώσεων, οἱ ὁποῖοι ἐξέθεσαν τὰς ἀπόψεις των ἐπὶ τῶν ζητημάτων.

ΑΘΗΝΑΙ, 21. — Ὑπὸ τοῦ ὑπουργείου ἀνεκοινώθη ὅτι κατὰ τὸ προσεχὲς ἔτος θὰ διατεθοῦν τὰ ἀπαιτούμενα ποσὰ διὰ τὴν ἐκτέλεσιν τῶν ἔργων τὰ ὁποῖα ἔχουν προγραμματισθῆ. Αἱ ἀρμόδιαι ὑπηρεσίαι ἔλαβον ἐντολὴν ὅπως προβοῦν εἰς τὰς ἀναγκαίας ἐνεργείας διὰ τὴν ταχυτέραν διεκπεραίωσιν τῶν σχετικῶν ὑποθέσεων, καθ' ὅσον ἡ κυβέρνησις ἐπιθυμεῖ νὰ ἀντιμετωπίσῃ ταῦτα ἐντὸς τοῦ ταχυτέρου δυνατοῦ χρονικοῦ διαστήματος. Ἐξ ἄλλου, ὡς ἐπληροφορήθημεν, εἰς τὴν σύσκεψιν ἔλαβον μέρος καὶ οἱ ἐκπρόσωποι τῶν ἐνδιαφερομένων ὀργανώσεων, οἱ ὁποῖοι ἐξέθεσαν τὰς ἀπόψεις των ἐπὶ τῶν ζητημάτων.

ΑΠΕΡΓΟΥΝ ΤΗΝ ΔΕΥΤΕΡΑΝ ΕΙΣ ΘΕΣΣΑΛΙΑΝ ΟΙ ΥΠΑΛΛΗΛΟΙ ΤΩΝ ΕΓΓΕΙΩΝ ΒΕΛΤΙΩΣΕΩΝ
ΖΗΤΟΥΝ ΑΥΞΗΣΙΝ ΑΠΟΔΟΧΩΝ ΚΑΤΑ 10 Ο/Ο

ΑΘΗΝΑΙ, 21. — Ὑπὸ τοῦ ὑπουργείου ἀνεκοινώθη ὅτι κατὰ τὸ προσεχὲς ἔτος θὰ διατεθοῦν τὰ ἀπαιτούμενα ποσὰ διὰ τὴν ἐκτέλεσιν τῶν ἔργων τὰ ὁποῖα ἔχουν προγραμματισθῆ. Αἱ ἀρμόδιαι ὑπηρεσίαι ἔλαβον ἐντολὴν ὅπως προβοῦν εἰς τὰς ἀναγκαίας ἐνεργείας διὰ τὴν ταχυτέραν διεκπεραίωσιν τῶν σχετικῶν ὑποθέσεων, καθ' ὅσον ἡ κυβέρνησις ἐπιθυμεῖ νὰ ἀντιμετωπίσῃ ταῦτα ἐντὸς τοῦ ταχυτέρου δυνατοῦ χρονικοῦ διαστήματος. Ἐξ ἄλλου, ὡς ἐπληροφορήθημεν, εἰς τὴν σύσκεψιν ἔλαβον μέρος καὶ οἱ ἐκπρόσωποι τῶν ἐνδιαφερομένων ὀργανώσεων, οἱ ὁποῖοι ἐξέθεσαν τὰς ἀπόψεις των ἐπὶ τῶν ζητημάτων.

ΑΘΗΝΑΙ, 21. — Ὑπὸ τοῦ ὑπουργείου ἀνεκοινώθη ὅτι κατὰ τὸ προσεχὲς ἔτος θὰ διατεθοῦν τὰ ἀπαιτούμενα ποσὰ διὰ τὴν ἐκτέλεσιν τῶν ἔργων τὰ ὁποῖα ἔχουν προγραμματισθῆ. Αἱ ἀρμόδιαι ὑπηρεσίαι ἔλαβον ἐντολὴν ὅπως προβοῦν εἰς τὰς ἀναγκαίας ἐνεργείας διὰ τὴν ταχυτέραν διεκπεραίωσιν τῶν σχετικῶν ὑποθέσεων, καθ' ὅσον ἡ κυβέρνησις ἐπιθυμεῖ νὰ ἀντιμετωπίσῃ ταῦτα ἐντὸς τοῦ ταχυτέρου δυνατοῦ χρονικοῦ διαστήματος. Ἐξ ἄλλου, ὡς ἐπληροφορήθημεν, εἰς τὴν σύσκεψιν ἔλαβον μέρος καὶ οἱ ἐκπρόσωποι τῶν ἐνδιαφερομένων ὀργανώσεων, οἱ ὁποῖοι ἐξέθεσαν τὰς ἀπόψεις των ἐπὶ τῶν ζητημάτων.

ΤΗΝ ΠΑΡΑΙΤΗΣΙΝ ΤΟΥ ΥΠΟΥΡΓΟΥ ΤΗΣ ΓΕΩΡΓΙΑΣ ΖΗΤΟΥΝ ΟΙ ΣΙΤΟΠΑΡΑΓΩΓΟΙ ΘΕΣΣΑΛΙΑΣ
ΟΡΓΑΝΟΥΤΑΙ ΕΝ ΤΩ ΜΕΤΑΞΥ ΣΥΛΛΑΛΗΤΗΡΙΟΝ

ΑΘΗΝΑΙ, 21. — Ὑπὸ τοῦ ὑπουργείου ἀνεκοινώθη ὅτι κατὰ τὸ προσεχὲς ἔτος θὰ διατεθοῦν τὰ ἀπαιτούμενα ποσὰ διὰ τὴν ἐκτέλεσιν τῶν ἔργων τὰ ὁποῖα ἔχουν προγραμματισθῆ. Αἱ ἀρμόδιαι ὑπηρεσίαι ἔλαβον ἐντολὴν ὅπως προβοῦν εἰς τὰς ἀναγκαίας ἐνεργείας διὰ τὴν ταχυτέραν διεκπεραίωσιν τῶν σχετικῶν ὑποθέσεων, καθ' ὅσον ἡ κυβέρνησις ἐπιθυμεῖ νὰ ἀντιμετωπίσῃ ταῦτα ἐντὸς τοῦ ταχυτέρου δυνατοῦ χρονικοῦ διαστήματος. Ἐξ ἄλλου, ὡς ἐπληροφορήθημεν, εἰς τὴν σύσκεψιν ἔλαβον μέρος καὶ οἱ ἐκπρόσωποι τῶν ἐνδιαφερομένων ὀργανώσεων, οἱ ὁποῖοι ἐξέθεσαν τὰς ἀπόψεις των ἐπὶ τῶν ζητημάτων.

ΕΙΣ ΚΟΜΟΤΗΝΗΝ

ΑΘΗΝΑΙ, 21. — Ὑπὸ τοῦ ὑπουργείου ἀνεκοινώθη ὅτι κατὰ τὸ προσεχὲς ἔτος θὰ διατεθοῦν τὰ ἀπαιτούμενα ποσὰ διὰ τὴν ἐκτέλεσιν τῶν ἔργων τὰ ὁποῖα ἔχουν προγραμματισθῆ. Αἱ ἀρμόδιαι ὑπηρεσίαι ἔλαβον ἐντολὴν ὅπως προβοῦν εἰς τὰς ἀναγκαίας ἐνεργείας διὰ τὴν ταχυτέραν διεκπεραίωσιν τῶν σχετικῶν ὑποθέσεων, καθ' ὅσον ἡ κυβέρνησις ἐπιθυμεῖ νὰ ἀντιμετωπίσῃ ταῦτα ἐντὸς τοῦ ταχυτέρου δυνατοῦ χρονικοῦ διαστήματος. Ἐξ ἄλλου, ὡς ἐπληροφορήθημεν, εἰς τὴν σύσκεψιν ἔλαβον μέρος καὶ οἱ ἐκπρόσωποι τῶν ἐνδιαφερομένων ὀργανώσεων, οἱ ὁποῖοι ἐξέθεσαν τὰς ἀπόψεις των ἐπὶ τῶν ζητημάτων.

ΤΕΛΟΥΝ ΕΝ ΑΝΑΣΤΑΤΩΣΕΙ

ΑΘΗΝΑΙ, 21. — Ὑπὸ τοῦ ὑπουργείου ἀνεκοινώθη ὅτι κατὰ τὸ προσεχὲς ἔτος θὰ διατεθοῦν τὰ ἀπαιτούμενα ποσὰ διὰ τὴν ἐκτέλεσιν τῶν ἔργων τὰ ὁποῖα ἔχουν προγραμματισθῆ. Αἱ ἀρμόδιαι ὑπηρεσίαι ἔλαβον ἐντολὴν ὅπως προβοῦν εἰς τὰς ἀναγκαίας ἐνεργείας διὰ τὴν ταχυτέραν διεκπεραίωσιν τῶν σχετικῶν ὑποθέσεων, καθ' ὅσον ἡ κυβέρνησις ἐπιθυμεῖ νὰ ἀντιμετωπίσῃ ταῦτα ἐντὸς τοῦ ταχυτέρου δυνατοῦ χρονικοῦ διαστήματος. Ἐξ ἄλλου, ὡς ἐπληροφορήθημεν, εἰς τὴν σύσκεψιν ἔλαβον μέρος καὶ οἱ ἐκπρόσωποι τῶν ἐνδιαφερομένων ὀργανώσεων, οἱ ὁποῖοι ἐξέθεσαν τὰς ἀπόψεις των ἐπὶ τῶν ζητημάτων.

40.100.000 ΔΟΛΛΑΡΙΑ ΗΤΟ ΚΑΤΑ ΤΟΝ ΜΑ'Ι'ΟΝ ΤΟ ΝΑΥΤΙΛΙΑΚΟΝ ΣΥΝΑΛΛΑΓΜΑ ΤΗΣ ΕΛΛΑΔΟΣ ΕΙΣ ΤΟΥ ΚΑΠΝΟΥ ΑΝΗΛΘΕΝ ΕΙΣ 37.037.000 ΔΟΛΛ.

ΑΘΗΝΑΙ, 21. — Ὑπὸ τοῦ ὑπουργείου ἀνεκοινώθη ὅτι κατὰ τὸ προσεχὲς ἔτος θὰ διατεθοῦν τὰ ἀπαιτούμενα ποσὰ διὰ τὴν ἐκτέλεσιν τῶν ἔργων τὰ ὁποῖα ἔχουν προγραμματισθῆ. Αἱ ἀρμόδιαι ὑπηρεσίαι ἔλαβον ἐντολὴν ὅπως προβοῦν εἰς τὰς ἀναγκαίας ἐνεργείας διὰ τὴν ταχυτέραν διεκπεραίωσιν τῶν σχετικῶν ὑποθέσεων, καθ' ὅσον ἡ κυβέρνησις ἐπιθυμεῖ νὰ ἀντιμετωπίσῃ ταῦτα ἐντὸς τοῦ ταχυτέρου δυνατοῦ χρονικοῦ διαστήματος. Ἐξ ἄλλου, ὡς ἐπληροφορήθημεν, εἰς τὴν σύσκεψιν ἔλαβον μέρος καὶ οἱ ἐκπρόσωποι τῶν ἐνδιαφερομένων ὀργανώσεων, οἱ ὁποῖοι ἐξέθεσαν τὰς ἀπόψεις των ἐπὶ τῶν ζητημάτων.

ΑΘΗΝΑΙ, 21. — Ὑπὸ τοῦ ὑπουργείου ἀνεκοινώθη ὅτι κατὰ τὸ προσεχὲς ἔτος θὰ διατεθοῦν τὰ ἀπαιτούμενα ποσὰ διὰ τὴν ἐκτέλεσιν τῶν ἔργων τὰ ὁποῖα ἔχουν προγραμματισθῆ. Αἱ ἀρμόδιαι ὑπηρεσίαι ἔλαβον ἐντολὴν ὅπως προβοῦν εἰς τὰς ἀναγκαίας ἐνεργείας διὰ τὴν ταχυτέραν διεκπεραίωσιν τῶν σχετικῶν ὑποθέσεων, καθ' ὅσον ἡ κυβέρνησις ἐπιθυμεῖ νὰ ἀντιμετωπίσῃ ταῦτα ἐντὸς τοῦ ταχυτέρου δυνατοῦ χρονικοῦ διαστήματος. Ἐξ ἄλλου, ὡς ἐπληροφορήθημεν, εἰς τὴν σύσκεψιν ἔλαβον μέρος καὶ οἱ ἐκπρόσωποι τῶν ἐνδιαφερομένων ὀργανώσεων, οἱ ὁποῖοι ἐξέθεσαν τὰς ἀπόψεις των ἐπὶ τῶν ζητημάτων.

Η ΑΜΕΡΙΚΑΝΙΣ ΠΑΙΔΟΚΤΟΝΟΣ ΑΠΟΦΕΥΓΕΙ ΝΑ ΣΥΝΟΜΙΛΗΣΗ ΜΕΤΑ ΤΟΥ ΠΑΤΡΟΣ ΤΗΣ ΕΠΙ ΤΩΝ ΛΕΠΤΟΜΕΡΕΙΩΝ ΤΟΥ ΕΓΚΛΗΜΑΤΟΣ

ΑΘΗΝΑΙ, 21. — Ὑπὸ τοῦ ὑπουργείου ἀνεκοινώθη ὅτι κατὰ τὸ προσεχὲς ἔτος θὰ διατεθοῦν τὰ ἀπαιτούμενα ποσὰ διὰ τὴν ἐκτέλεσιν τῶν ἔργων τὰ ὁποῖα ἔχουν προγραμματισθῆ. Αἱ ἀρμόδιαι ὑπηρεσίαι ἔλαβον ἐντολὴν ὅπως προβοῦν εἰς τὰς ἀναγκαίας ἐνεργείας διὰ τὴν ταχυτέραν διεκπεραίωσιν τῶν σχετικῶν ὑποθέσεων, καθ' ὅσον ἡ κυβέρνησις ἐπιθυμεῖ νὰ ἀντιμετωπίσῃ ταῦτα ἐντὸς τοῦ ταχυτέρου δυνατοῦ χρονικοῦ διαστήματος. Ἐξ ἄλλου, ὡς ἐπληροφορήθημεν, εἰς τὴν σύσκεψιν ἔλαβον μέρος καὶ οἱ ἐκπρόσωποι τῶν ἐνδιαφερομένων ὀργανώσεων, οἱ ὁποῖοι ἐξέθεσαν τὰς ἀπόψεις των ἐπὶ τῶν ζητημάτων.

ΑΘΗΝΑΙ, 21. — Ὑπὸ τοῦ ὑπουργείου ἀνεκοινώθη ὅτι κατὰ τὸ προσεχὲς ἔτος θὰ διατεθοῦν τὰ ἀπαιτούμενα ποσὰ διὰ τὴν ἐκτέλεσιν τῶν ἔργων τὰ ὁποῖα ἔχουν προγραμματισθῆ. Αἱ ἀρμόδιαι ὑπηρεσίαι ἔλαβον ἐντολὴν ὅπως προβοῦν εἰς τὰς ἀναγκαίας ἐνεργείας διὰ τὴν ταχυτέραν διεκπεραίωσιν τῶν σχετικῶν ὑποθέσεων, καθ' ὅσον ἡ κυβέρνησις ἐπιθυμεῖ νὰ ἀντιμετωπίσῃ ταῦτα ἐντὸς τοῦ ταχυτέρου δυνατοῦ χρονικοῦ διαστήματος. Ἐξ ἄλλου, ὡς ἐπληροφορήθημεν, εἰς τὴν σύσκεψιν ἔλαβον μέρος καὶ οἱ ἐκπρόσωποι τῶν ἐνδιαφερομένων ὀργανώσεων, οἱ ὁποῖοι ἐξέθεσαν τὰς ἀπόψεις των ἐπὶ τῶν ζητημάτων.

ΣΥΖΗΤΟΥΝΤΑΙ ΕΙΣ ΓΕΝΕΥΗΝ ΣΕΙΡΑ ΠΡΟΒΛΗΜΑΤΩΝ ΣΧΕΤΙΖΟΜΕΝΩΝ ΜΕ ΤΗΝ ΟΥΔΕΤΕΡΟΤΗΤΑ ΤΟΥ ΛΑΟΣ
ΠΡΟΕΤΟΙΜΑΖΕΤΑΙ Η "ΣΥΣΚΕΨΙΣ ΤΩΝ ΠΡΙΓΚΗΠΩΝ"

ΑΘΗΝΑΙ, 21. — Ὑπὸ τοῦ ὑπουργείου ἀνεκοινώθη ὅτι κατὰ τὸ προσεχὲς ἔτος θὰ διατεθοῦν τὰ ἀπαιτούμενα ποσὰ διὰ τὴν ἐκτέλεσιν τῶν ἔργων τὰ ὁποῖα ἔχουν προγραμματισθῆ. Αἱ ἀρμόδιαι ὑπηρεσίαι ἔλαβον ἐντολὴν ὅπως προβοῦν εἰς τὰς ἀναγκαίας ἐνεργείας διὰ τὴν ταχυτέραν διεκπεραίωσιν τῶν σχετικῶν ὑποθέσεων, καθ' ὅσον ἡ κυβέρνησις ἐπιθυμεῖ νὰ ἀντιμετωπίσῃ ταῦτα ἐντὸς τοῦ ταχυτέρου δυνατοῦ χρονικοῦ διαστήματος. Ἐξ ἄλλου, ὡς ἐπληροφορήθημεν, εἰς τὴν σύσκεψιν ἔλαβον μέρος καὶ οἱ ἐκπρόσωποι τῶν ἐνδιαφερομένων ὀργανώσεων, οἱ ὁποῖοι ἐξέθεσαν τὰς ἀπόψεις των ἐπὶ τῶν ζητημάτων.

Η ΣΥΝΑΝΤΗΣΙΣ ΤΩΝ ΠΡΙΓΚΗΠΩΝ

ΑΘΗΝΑΙ, 21. — Ὑπὸ τοῦ ὑπουργείου ἀνεκοινώθη ὅτι κατὰ τὸ προσεχὲς ἔτος θὰ διατεθοῦν τὰ ἀπαιτούμενα ποσὰ διὰ τὴν ἐκτέλεσιν τῶν ἔργων τὰ ὁποῖα ἔχουν προγραμματισθῆ. Αἱ ἀρμόδιαι ὑπηρεσίαι ἔλαβον ἐντολὴν ὅπως προβοῦν εἰς τὰς ἀναγκαίας ἐνεργείας διὰ τὴν ταχυτέραν διεκπεραίωσιν τῶν σχετικῶν ὑποθέσεων, καθ' ὅσον ἡ κυβέρνησις ἐπιθυμεῖ νὰ ἀντιμετωπίσῃ ταῦτα ἐντὸς τοῦ ταχυτέρου δυνατοῦ χρονικοῦ διαστήματος. Ἐξ ἄλλου, ὡς ἐπληροφορήθημεν, εἰς τὴν σύσκεψιν ἔλαβον μέρος καὶ οἱ ἐκπρόσωποι τῶν ἐνδιαφερομένων ὀργανώσεων, οἱ ὁποῖοι ἐξέθεσαν τὰς ἀπόψεις των ἐπὶ τῶν ζητημάτων.

ΜΙΚΡΑΙ ΕΙΔΗΣΕΙΣ ΕΞ ΑΘΗΝΩΝ ΧΩΡΙΣ ΤΙΤΛΟΝ

ΑΘΗΝΑΙ, 21. — Ὑπὸ τοῦ ὑπουργείου ἀνεκοινώθη ὅτι κατὰ τὸ προσεχὲς ἔτος θὰ διατεθοῦν τὰ ἀπαιτούμενα ποσὰ διὰ τὴν ἐκτέλεσιν τῶν ἔργων τὰ ὁποῖα ἔχουν προγραμματισθῆ. Αἱ ἀρμόδιαι ὑπηρεσίαι ἔλαβον ἐντολὴν ὅπως προβοῦν εἰς τὰς ἀναγκαίας ἐνεργείας διὰ τὴν ταχυτέραν διεκπεραίωσιν τῶν σχετικῶν ὑποθέσεων, καθ' ὅσον ἡ κυβέρνησις ἐπιθυμεῖ νὰ ἀντιμετωπίσῃ ταῦτα ἐντὸς τοῦ ταχυτέρου δυνατοῦ χρονικοῦ διαστήματος. Ἐξ ἄλλου, ὡς ἐπληροφορήθημεν, εἰς τὴν σύσκεψιν ἔλαβον μέρος καὶ οἱ ἐκπρόσωποι τῶν ἐνδιαφερομένων ὀργανώσεων, οἱ ὁποῖοι ἐξέθεσαν τὰς ἀπόψεις των ἐπὶ τῶν ζητημάτων.

ΑΘΗΝΑΙ, 21. — Ὑπὸ τοῦ ὑπουργείου ἀνεκοινώθη ὅτι κατὰ τὸ προσεχὲς ἔτος θὰ διατεθοῦν τὰ ἀπαιτούμενα ποσὰ διὰ τὴν ἐκτέλεσιν τῶν ἔργων τὰ ὁποῖα ἔχουν προγραμματισθῆ. Αἱ ἀρμόδιαι ὑπηρεσίαι ἔλαβον ἐντολὴν ὅπως προβοῦν εἰς τὰς ἀναγκαίας ἐνεργείας διὰ τὴν ταχυτέραν διεκπεραίωσιν τῶν σχετικῶν ὑποθέσεων, καθ' ὅσον ἡ κυβέρνησις ἐπιθυμεῖ νὰ ἀντιμετωπίσῃ ταῦτα ἐντὸς τοῦ ταχυτέρου δυνατοῦ χρονικοῦ διαστήματος. Ἐξ ἄλλου, ὡς ἐπληροφορήθημεν, εἰς τὴν σύσκεψιν ἔλαβον μέρος καὶ οἱ ἐκπρόσωποι τῶν ἐνδιαφερομένων ὀργανώσεων, οἱ ὁποῖοι ἐξέθεσαν τὰς ἀπόψεις των ἐπὶ τῶν ζητημάτων.

ΑΘΗΝΑΙ, 21. — Ὑπὸ τοῦ ὑπουργείου ἀνεκοινώθη ὅτι κατὰ τὸ προσεχὲς ἔτος θὰ διατεθοῦν τὰ ἀπαιτούμενα ποσὰ διὰ τὴν ἐκτέλεσιν τῶν ἔργων τὰ ὁποῖα ἔχουν προγραμματισθῆ. Αἱ ἀρμόδιαι ὑπηρεσίαι ἔλαβον ἐντολὴν ὅπως προβοῦν εἰς τὰς ἀναγκαίας ἐνεργείας διὰ τὴν ταχυτέραν διεκπεραίωσιν τῶν σχετικῶν ὑποθέσεων, καθ' ὅσον ἡ κυβέρνησις ἐπιθυμεῖ νὰ ἀντιμετωπίσῃ ταῦτα ἐντὸς τοῦ ταχυτέρου δυνατοῦ χρονικοῦ διαστήματος. Ἐξ ἄλλου, ὡς ἐπληροφορήθημεν, εἰς τὴν σύσκεψιν ἔλαβον μέρος καὶ οἱ ἐκπρόσωποι τῶν ἐνδιαφερομένων ὀργανώσεων, οἱ ὁποῖοι ἐξέθεσαν τὰς ἀπόψεις των ἐπὶ τῶν ζητημάτων.

ΣΥΝΤΟΜΟΙ ΕΡΓΑΤΙΚΑΙ ΕΙΔΗΣΕΙΣ

ΑΘΗΝΑΙ, 21. — Ὑπὸ τοῦ ὑπουργείου ἀνεκοινώθη ὅτι κατὰ τὸ προσεχὲς ἔτος θὰ διατεθοῦν τὰ ἀπαιτούμενα ποσὰ διὰ τὴν ἐκτέλεσιν τῶν ἔργων τὰ ὁποῖα ἔχουν προγραμματισθῆ. Αἱ ἀρμόδιαι ὑπηρεσίαι ἔλαβον ἐντολὴν ὅπως προβοῦν εἰς τὰς ἀναγκαίας ἐνεργείας διὰ τὴν ταχυτέραν διεκπεραίωσιν τῶν σχετικῶν ὑποθέσεων, καθ' ὅσον ἡ κυβέρνησις ἐπιθυμεῖ νὰ ἀντιμετωπίσῃ ταῦτα ἐντὸς τοῦ ταχυτέρου δυνατοῦ χρονικοῦ διαστήματος. Ἐξ ἄλλου, ὡς ἐπληροφορήθημεν, εἰς τὴν σύσκεψιν ἔλαβον μέρος καὶ οἱ ἐκπρόσωποι τῶν ἐνδιαφερομένων ὀργανώσεων, οἱ ὁποῖοι ἐξέθεσαν τὰς ἀπόψεις των ἐπὶ τῶν ζητημάτων.

ΑΘΗΝΑΙ, 21. — Ὑπὸ τοῦ ὑπουργείου ἀνεκοινώθη ὅτι κατὰ τὸ προσεχὲς ἔτος θὰ διατεθοῦν τὰ ἀπαιτούμενα ποσὰ διὰ τὴν ἐκτέλεσιν τῶν ἔργων τὰ ὁποῖα ἔχουν προγραμματισθῆ. Αἱ ἀρμόδιαι ὑπηρεσίαι ἔλαβον ἐντολὴν ὅπως προβοῦν εἰς τὰς ἀναγκαίας ἐνεργείας διὰ τὴν ταχυτέραν διεκπεραίωσιν τῶν σχετικῶν ὑποθέσεων, καθ' ὅσον ἡ κυβέρνησις ἐπιθυμεῖ νὰ ἀντιμετωπίσῃ ταῦτα ἐντὸς τοῦ ταχυτέρου δυνατοῦ χρονικοῦ διαστήματος. Ἐξ ἄλλου, ὡς ἐπληροφορήθημεν, εἰς τὴν σύσκεψιν ἔλαβον μέρος καὶ οἱ ἐκπρόσωποι τῶν ἐνδιαφερομένων ὀργανώσεων, οἱ ὁποῖοι ἐξέθεσαν τὰς ἀπόψεις των ἐπὶ τῶν ζητημάτων.

ΤΙ ΝΕΑ ΑΠ' ΤΗΝ ΠΟΛΙ;

ΑΘΗΝΑΙ, 21. — Ὑπὸ τοῦ ὑπουργείου ἀνεκοινώθη ὅτι κατὰ τὸ προσεχὲς ἔτος θὰ διατεθοῦν τὰ ἀπαιτούμενα ποσὰ διὰ τὴν ἐκτέλεσιν τῶν ἔργων τὰ ὁποῖα ἔχουν προγραμματισθῆ. Αἱ ἀρμόδιαι ὑπηρεσίαι ἔλαβον ἐντολὴν ὅπως προβοῦν εἰς τὰς ἀναγκαίας ἐνεργείας διὰ τὴν ταχυτέραν διεκπεραίωσιν τῶν σχετικῶν ὑποθέσεων, καθ' ὅσον ἡ κυβέρνησις ἐπιθυμεῖ νὰ ἀντιμετωπίσῃ ταῦτα ἐντὸς τοῦ ταχυτέρου δυνατοῦ χρονικοῦ διαστήματος. Ἐξ ἄλλου, ὡς ἐπληροφορήθημεν, εἰς τὴν σύσκεψιν ἔλαβον μέρος καὶ οἱ ἐκπρόσωποι τῶν ἐνδιαφερομένων ὀργανώσεων, οἱ ὁποῖοι ἐξέθεσαν τὰς ἀπόψεις των ἐπὶ τῶν ζητημάτων.

ΑΘΗΝΑΙ, 21. — Ὑπὸ τοῦ ὑπουργείου ἀνεκοινώθη ὅτι κατὰ τὸ προσεχὲς ἔτος θὰ διατεθοῦν τὰ ἀπαιτούμενα ποσὰ διὰ τὴν ἐκτέλεσιν τῶν ἔργων τὰ ὁποῖα ἔχουν προγραμματισθῆ. Αἱ ἀρμόδιαι ὑπηρεσίαι ἔλαβον ἐντολὴν ὅπως προβοῦν εἰς τὰς ἀναγκαίας ἐνεργείας διὰ τὴν ταχυτέραν διεκπεραίωσιν τῶν σχετικῶν ὑποθέσεων, καθ' ὅσον ἡ κυβέρνησις ἐπιθυμεῖ νὰ ἀντιμετωπίσῃ ταῦτα ἐντὸς τοῦ ταχυτέρου δυνατοῦ χρονικοῦ διαστήματος. Ἐξ ἄλλου, ὡς ἐπληροφορήθημεν, εἰς τὴν σύσκεψιν ἔλαβον μέρος καὶ οἱ ἐκπρόσωποι τῶν ἐνδιαφερομένων ὀργανώσεων, οἱ ὁποῖοι ἐξέθεσαν τὰς ἀπόψεις των ἐπὶ τῶν ζητημάτων.

ΕΙΣ ΤΗΝ ΘΕΣΣΑΛΟΝΙΚΗΝ

ΑΘΗΝΑΙ, 21. — Ὑπὸ τοῦ ὑπουργείου ἀνεκοινώθη ὅτι κατὰ τὸ προσεχὲς ἔτος θὰ διατεθοῦν τὰ ἀπαιτούμενα ποσὰ διὰ τὴν ἐκτέλεσιν τῶν ἔργων τὰ ὁποῖα ἔχουν προγραμματισθῆ. Αἱ ἀρμόδιαι ὑπηρεσίαι ἔλαβον ἐντολὴν ὅπως προβοῦν εἰς τὰς ἀναγκαίας ἐνεργείας διὰ τὴν ταχυτέραν διεκπεραίωσιν τῶν σχετικῶν ὑποθέσεων, καθ' ὅσον ἡ κυβέρνησις ἐπιθυμεῖ νὰ ἀντιμετωπίσῃ ταῦτα ἐντὸς τοῦ ταχυτέρου δυνατοῦ χρονικοῦ διαστήματος. Ἐξ ἄλλου, ὡς ἐπληροφορήθημεν, εἰς τὴν σύσκεψιν ἔλαβον μέρος καὶ οἱ ἐκπρόσωποι τῶν ἐνδιαφερομένων ὀργανώσεων, οἱ ὁποῖοι ἐξέθεσαν τὰς ἀπόψεις των ἐπὶ τῶν ζητημάτων.

ΑΘΗΝΑΙ, 21. — Ὑπὸ τοῦ ὑπουργείου ἀνεκοινώθη ὅτι κατὰ τὸ προσεχὲς ἔτος θὰ διατεθοῦν τὰ ἀπαιτούμενα ποσὰ διὰ τὴν ἐκτέλεσιν τῶν ἔργων τὰ ὁποῖα ἔχουν προγραμματισθῆ. Αἱ ἀρμόδιαι ὑπηρεσίαι ἔλαβον ἐντολὴν ὅπως προβοῦν εἰς τὰς ἀναγκαίας ἐνεργείας διὰ τὴν ταχυτέραν διεκπεραίωσιν τῶν σχετικῶν ὑποθέσεων, καθ' ὅσον ἡ κυβέρνησις ἐπιθυμεῖ νὰ ἀντιμετωπίσῃ ταῦτα ἐντὸς τοῦ ταχυτέρου δυνατοῦ χρονικοῦ διαστήματος. Ἐξ ἄλλου, ὡς ἐπληροφορήθημεν, εἰς τὴν σύσκεψιν ἔλαβον μέρος καὶ οἱ ἐκπρόσωποι τῶν ἐνδιαφερομένων ὀργανώσεων, οἱ ὁποῖοι ἐξέθεσαν τὰς ἀπόψεις των ἐπὶ τῶν ζητημάτων.

Ο ΠΑΡΑΝΟΜΟΣ ΤΗΣ ΓΑΥΔΟΥ ΜΕΤΕΦΕΡΘΗ ΕΙΣ ΛΟΥΤΣΑΝ

ΑΘΗΝΑΙ, 21. — Ὑπὸ τοῦ ὑπουργείου ἀνεκοινώθη ὅτι κατὰ τὸ προσεχὲς ἔτος θὰ διατεθοῦν τὰ ἀπαιτούμενα ποσὰ διὰ τὴν ἐκτέλεσιν τῶν ἔργων τὰ ὁποῖα ἔχουν προγραμματισθῆ. Αἱ ἀρμόδιαι ὑπηρεσίαι ἔλαβον ἐντολὴν ὅπως προβοῦν εἰς τὰς ἀναγκαίας ἐνεργείας διὰ τὴν ταχυτέραν διεκπεραίωσιν τῶν σχετικῶν ὑποθέσεων, καθ' ὅσον ἡ κυβέρνησις ἐπιθυμεῖ νὰ ἀντιμετωπίσῃ ταῦτα ἐντὸς τοῦ ταχυτέρου δυνατοῦ χρονικοῦ διαστήματος. Ἐξ ἄλλου, ὡς ἐπληροφορήθημεν, εἰς τὴν σύσκεψιν ἔλαβον μέρος καὶ οἱ ἐκπρόσωποι τῶν ἐνδιαφερομένων ὀργανώσεων, οἱ ὁποῖοι ἐξέθεσαν τὰς ἀπόψεις των ἐπὶ τῶν ζητημάτων.

ΤΑ ΖΗΤΗΜΑΤΑ ΤΩΝ ΠΑΝΤΟΠΩΛΩΝ

ΑΘΗΝΑΙ, 21. — Ὑπὸ τοῦ ὑπουργείου ἀνεκοινώθη ὅτι κατὰ τὸ προσεχὲς ἔτος θὰ διατεθοῦν τὰ ἀπαιτούμενα ποσὰ διὰ τὴν ἐκτέλεσιν τῶν ἔργων τὰ ὁποῖα ἔχουν προγραμματισθῆ. Αἱ ἀρμόδιαι ὑπηρεσίαι ἔλαβον ἐντολὴν ὅπως προβοῦν εἰς τὰς ἀναγκαίας ἐνεργείας διὰ τὴν ταχυτέραν διεκπεραίωσιν τῶν σχετικῶν ὑποθέσεων, καθ' ὅσον ἡ κυβέρνησις ἐπιθυμεῖ νὰ ἀντιμετωπίσῃ ταῦτα ἐντὸς τοῦ ταχυτέρου δυνατοῦ χρονικοῦ διαστήματος. Ἐξ ἄλλου, ὡς ἐπληροφορήθημεν, εἰς τὴν σύσκεψιν ἔλαβον μέρος καὶ οἱ ἐκπρόσωποι τῶν ἐνδιαφερομένων ὀργανώσεων, οἱ ὁποῖοι ἐξέθεσαν τὰς ἀπόψεις των ἐπὶ τῶν ζητημάτων.

ΚΑΤΑΔΙΚΗ ΔΙΕΥΘΥΝΤΟΥ ΚΙΝΗΜΑΤΟΓΡΑΦΟΥ

ΑΘΗΝΑΙ, 21. — Ὑπὸ τοῦ ὑπουργείου ἀνεκοινώθη ὅτι κατὰ τὸ προσεχὲς ἔτος θὰ διατεθοῦν τὰ ἀπαιτούμενα ποσὰ διὰ τὴν ἐκτέλεσιν τῶν ἔργων τὰ ὁποῖα ἔχουν προγραμματισθῆ. Αἱ ἀρμόδιαι ὑπηρεσίαι ἔλαβον ἐντολὴν ὅπως προβοῦν εἰς τὰς ἀναγκαίας ἐνεργείας διὰ τὴν ταχυτέραν διεκπεραίωσιν τῶν σχετικῶν ὑποθέσεων, καθ' ὅσον ἡ κυβέρνησις ἐπιθυμεῖ νὰ ἀντιμετωπίσῃ ταῦτα ἐντὸς τοῦ ταχυτέρου δυνατοῦ χρονικοῦ διαστήματος. Ἐξ ἄλλου, ὡς ἐπληροφορήθημεν, εἰς τὴν σύσκεψιν ἔλαβον μέρος καὶ οἱ ἐκπρόσωποι τῶν ἐνδιαφερομένων ὀργανώσεων, οἱ ὁποῖοι ἐξέθεσαν τὰς ἀπόψεις των ἐπὶ τῶν ζητημάτων.

ΤΟ ΣΥΝΕΔΡΙΟΝ ΠΟΛΥΤΕΚΝΩΝ

ΑΘΗΝΑΙ, 21. — Ὑπὸ τοῦ ὑπουργείου ἀνεκοινώθη ὅτι κατὰ τὸ προσεχὲς ἔτος θὰ διατεθοῦν τὰ ἀπαιτούμενα ποσὰ διὰ τὴν ἐκτέλεσιν τῶν ἔργων τὰ ὁποῖα ἔχουν προγραμματισθῆ. Αἱ ἀρμόδιαι ὑπηρεσίαι ἔλαβον ἐντολὴν ὅπως προβοῦν εἰς τὰς ἀναγκαίας ἐνεργείας διὰ τὴν ταχυτέραν διεκπεραίωσιν τῶν σχετικῶν ὑποθέσεων, καθ' ὅσον ἡ κυβέρνησις ἐπιθυμεῖ νὰ ἀντιμετωπίσῃ ταῦτα ἐντὸς τοῦ ταχυτέρου δυνατοῦ χρονικοῦ διαστήματος. Ἐξ ἄλλου, ὡς ἐπληροφορήθημεν, εἰς τὴν σύσκεψιν ἔλαβον μέρος καὶ οἱ ἐκπρόσωποι τῶν ἐνδιαφερομένων ὀργανώσεων, οἱ ὁποῖοι ἐξέθεσαν τὰς ἀπόψεις των ἐπὶ τῶν ζητημάτων.

Ο ΚΑΙΡΟΣ ΣΗΜΕΡΟΝ

ΑΘΗΝΑΙ, 21. — Ὑπὸ τοῦ ὑπουργείου ἀνεκοινώθη ὅτι κατὰ τὸ προσεχὲς ἔτος θὰ διατεθοῦν τὰ ἀπαιτούμενα ποσὰ διὰ τὴν ἐκτέλεσιν τῶν ἔργων τὰ ὁποῖα ἔχουν προγραμματισθῆ. Αἱ ἀρμόδιαι ὑπηρεσίαι ἔλαβον ἐντολὴν ὅπως προβοῦν εἰς τὰς ἀναγκαίας ἐνεργείας διὰ τὴν ταχυτέραν διεκπεραίωσιν τῶν σχετικῶν ὑποθέσεων, καθ' ὅσον ἡ κυβέρνησις ἐπιθυμεῖ νὰ ἀντιμετωπίσῃ ταῦτα ἐντὸς τοῦ ταχυτέρου δυνατοῦ χρονικοῦ διαστήματος. Ἐξ ἄλλου, ὡς ἐπληροφορήθημεν, εἰς τὴν σύσκεψιν ἔλαβον μέρος καὶ οἱ ἐκπρόσωποι τῶν ἐνδιαφερομένων ὀργανώσεων, οἱ ὁποῖοι ἐξέθεσαν τὰς ἀπόψεις των ἐπὶ τῶν ζητημάτων.

36 ΒΑΘΜΟΙ ΕΙΣ ΛΑΡΙΣΑΝ

ΑΘΗΝΑΙ, 21. — Ὑπὸ τοῦ ὑπουργείου ἀνεκοινώθη ὅτι κατὰ τὸ προσεχὲς ἔτος θὰ διατεθοῦν τὰ ἀπαιτούμενα ποσὰ διὰ τὴν ἐκτέλεσιν τῶν ἔργων τὰ ὁποῖα ἔχουν προγραμματισθῆ. Αἱ ἀρμόδιαι ὑπηρεσίαι ἔλαβον ἐντολὴν ὅπως προβοῦν εἰς τὰς ἀναγκαίας ἐνεργείας διὰ τὴν ταχυτέραν διεκπεραίωσιν τῶν σχετικῶν ὑποθέσεων, καθ' ὅσον ἡ κυβέρνησις ἐπιθυμεῖ νὰ ἀντιμετωπίσῃ ταῦτα ἐντὸς τοῦ ταχυτέρου δυνατοῦ χρονικοῦ διαστήματος. Ἐξ ἄλλου, ὡς ἐπληροφορήθημεν, εἰς τὴν σύσκεψιν ἔλαβον μέρος καὶ οἱ ἐκπρόσωποι τῶν ἐνδιαφερομένων ὀργανώσεων, οἱ ὁποῖοι ἐξέθεσαν τὰς ἀπόψεις των ἐπὶ τῶν ζητημάτων.

ΠΡΟΣΩΡΙΝΗ ΔΙΑΚΟΠΗ ΗΛΕΚΤΡΙΚΟΥ ΡΕΥΜΑΤΟΣ ΕΙΣ ΠΕΡΙΟΧΗΝ ΒΕΡΟΙΑΣ

ΑΘΗΝΑΙ, 21. — Ὑπὸ τοῦ ὑπουργείου ἀνεκοινώθη ὅτι κατὰ τὸ προσεχὲς ἔτος θὰ διατεθοῦν τὰ ἀπαιτούμενα ποσὰ διὰ τὴν ἐκτέλεσιν τῶν ἔργων τὰ ὁποῖα ἔχουν προγραμματισθῆ. Αἱ ἀρμόδιαι ὑπηρεσίαι ἔλαβον ἐντολὴν ὅπως προβοῦν εἰς τὰς ἀναγκαίας ἐνεργείας διὰ τὴν ταχυτέραν διεκπεραίωσιν τῶν σχετικῶν ὑποθέσεων, καθ' ὅσον ἡ κυβέρνησις ἐπιθυμεῖ νὰ ἀντιμετωπίσῃ ταῦτα ἐντὸς τοῦ ταχυτέρου δυνατοῦ χρονικοῦ διαστήματος. Ἐξ ἄλλου, ὡς ἐπληροφορήθημεν, εἰς τὴν σύσκεψιν ἔλαβον μέρος καὶ οἱ ἐκπρόσωποι τῶν ἐνδιαφερομένων ὀργανώσεων, οἱ ὁποῖοι ἐξέθεσαν τὰς ἀπόψεις των ἐπὶ τῶν ζητημάτων.

Ο Κ. ΜΑΡΤΗΣ ΕΞΗΤΑΣΕΝ ΕΙΣ ΚΑΒΑΛΑΝ ΖΗΤΗΜΑΤΑ ΤΗΣ ΑΡΜΟΔΙΟΤΗΤΟΣ ΤΟΥ
ΘΑ ΕΠΙΣΚΕΦΘΗ ΚΑΙ ΑΛΛΑΣ ΠΟΛΕΙΣ

ΑΘΗΝΑΙ, 21. — Ὑπὸ τοῦ ὑπουργείου ἀνεκοινώθη ὅτι κατὰ τὸ προσεχὲς ἔτος θὰ διατεθοῦν τὰ ἀπαιτούμενα ποσὰ διὰ τὴν ἐκτέλεσιν τῶν ἔργων τὰ ὁποῖα ἔχουν προγραμματισθῆ. Αἱ ἀρμόδιαι ὑπηρεσίαι ἔλαβον ἐντολὴν ὅπως προβοῦν εἰς τὰς ἀναγκαίας ἐνεργείας διὰ τὴν ταχυτέραν διεκπεραίωσιν τῶν σχετικῶν ὑποθέσεων, καθ' ὅσον ἡ κυβέρνησις ἐπιθυμεῖ νὰ ἀντιμετωπίσῃ ταῦτα ἐντὸς τοῦ ταχυτέρου δυνατοῦ χρονικοῦ διαστήματος. Ἐξ ἄλλου, ὡς ἐπληροφορήθημεν, εἰς τὴν σύσκεψιν ἔλαβον μέρος καὶ οἱ ἐκπρόσωποι τῶν ἐνδιαφερομένων ὀργανώσεων, οἱ ὁποῖοι ἐξέθεσαν τὰς ἀπόψεις των ἐπὶ τῶν ζητημάτων.

ΑΘΗΝΑΙ, 21. — Ὑπὸ τοῦ ὑπουργείου ἀνεκοινώθη ὅτι κατὰ τὸ προσεχὲς ἔτος θὰ διατεθοῦν τὰ ἀπαιτούμενα ποσὰ διὰ τὴν ἐκτέλεσιν τῶν ἔργων τὰ ὁποῖα ἔχουν προγραμματισθῆ. Αἱ ἀρμόδιαι ὑπηρεσίαι ἔλαβον ἐντολὴν ὅπως προβοῦν εἰς τὰς ἀναγκαίας ἐνεργείας διὰ τὴν ταχυτέραν διεκπεραίωσιν τῶν σχετικῶν ὑποθέσεων, καθ' ὅσον ἡ κυβέρνησις ἐπιθυμεῖ νὰ ἀντιμετωπίσῃ ταῦτα ἐντὸς τοῦ ταχυτέρου δυνατοῦ χρονικοῦ διαστήματος. Ἐξ ἄλλου, ὡς ἐπληροφορήθημεν, εἰς τὴν σύσκεψιν ἔλαβον μέρος καὶ οἱ ἐκπρόσωποι τῶν ἐνδιαφερομένων ὀργανώσεων, οἱ ὁποῖοι ἐξέθεσαν τὰς ἀπόψεις των ἐπὶ τῶν ζητημάτων.

ΕΙΣ ΔΡΑΜΑΝ

ΑΘΗΝΑΙ, 21. — Ὑπὸ τοῦ ὑπουργείου ἀνεκοινώθη ὅτι κατὰ τὸ προσεχὲς ἔτος θὰ διατεθοῦν τὰ ἀπαιτούμενα ποσὰ διὰ τὴν ἐκτέλεσιν τῶν ἔργων τὰ ὁποῖα ἔχουν προγραμματισθῆ. Αἱ ἀρμόδιαι ὑπηρεσίαι ἔλαβον ἐντολὴν ὅπως προβοῦν εἰς τὰς ἀναγκαίας ἐνεργείας διὰ τὴν ταχυτέραν διεκπεραίωσιν τῶν σχετικῶν ὑποθέσεων, καθ' ὅσον ἡ κυβέρνησις ἐπιθυμεῖ νὰ ἀντιμετωπίσῃ ταῦτα ἐντὸς τοῦ ταχυτέρου δυνατοῦ χρονικοῦ διαστήματος. Ἐξ ἄλλου, ὡς ἐπληροφορήθημεν, εἰς τὴν σύσκεψιν ἔλαβον μέρος καὶ οἱ ἐκπρόσωποι τῶν ἐνδιαφερομένων ὀργανώσεων, οἱ ὁποῖοι ἐξέθεσαν τὰς ἀπόψεις των ἐπὶ τῶν ζητημάτων.

ΑΙ ΕΠΑΓΓΕΛΜΑΤΙΚΑΙ ΟΡΓΑΝΩΣΕΙΣ ΘΑ ΣΥΜΜΕΤΕΧΟΥΝ ΤΩΝ ΕΚΛΟΓΩΝ ΤΟΥ ΤΕΒΕ

ΑΘΗΝΑΙ, 21. — Ὑπὸ τοῦ ὑπουργείου ἀνεκοινώθη ὅτι κατὰ τὸ προσεχὲς ἔτος θὰ διατεθοῦν τὰ ἀπαιτούμενα ποσὰ διὰ τὴν ἐκτέλεσιν τῶν ἔργων τὰ ὁποῖα ἔχουν προγραμματισθῆ. Αἱ ἀρμόδιαι ὑπηρεσίαι ἔλαβον ἐντολὴν ὅπως προβοῦν εἰς τὰς ἀναγκαίας ἐνεργείας διὰ τὴν ταχυτέραν διεκπεραίωσιν τῶν σχετικῶν ὑποθέσεων, καθ' ὅσον ἡ κυβέρνησις ἐπιθυμεῖ νὰ ἀντιμετωπίσῃ ταῦτα ἐντὸς τοῦ ταχυτέρου δυνατοῦ χρονικοῦ διαστήματος. Ἐξ ἄλλου, ὡς ἐπληροφορήθημεν, εἰς τὴν σύσκεψιν ἔλαβον μέρος καὶ οἱ ἐκπρόσωποι τῶν ἐνδιαφερομένων ὀργανώσεων, οἱ ὁποῖοι ἐξέθεσαν τὰς ἀπόψεις των ἐπὶ τῶν ζητημάτων.

ΚΑΚΟΜΕΤΑΧΕΙΡΙΖΟΝΤΑΙ ΤΟΥΣ ΙΝΔΟΥΣ ΚΑΙ ΠΑΚΙΣΤΑΝΟΥΣ ΟΙ ΝΟΤΙΟΑΦΡΙΚΑΝΟΙ

ΑΘΗΝΑΙ, 21. — Ὑπὸ τοῦ ὑπουργείου ἀνεκοινώθη ὅτι κατὰ τὸ προσεχὲς ἔτος θὰ διατεθοῦν τὰ ἀπαιτούμενα ποσὰ διὰ τὴν ἐκτέλεσιν τῶν ἔργων τὰ ὁποῖα ἔχουν προγραμματισθῆ. Αἱ ἀρμόδιαι ὑπηρεσίαι ἔλαβον ἐντολὴν ὅπως προβοῦν εἰς τὰς ἀναγκαίας ἐνεργείας διὰ τὴν ταχυτέραν διεκπεραίωσιν τῶν σχετικῶν ὑποθέσεων, καθ' ὅσον ἡ κυβέρνησις ἐπιθυμεῖ νὰ ἀντιμετωπίσῃ ταῦτα ἐντὸς τοῦ ταχυτέρου δυνατοῦ χρονικοῦ διαστήματος. Ἐξ ἄλλου, ὡς ἐπληροφορήθημεν, εἰς τὴν σύσκεψιν ἔλαβον μέρος καὶ οἱ ἐκπρόσωποι τῶν ἐνδιαφερομένων ὀργανώσεων, οἱ ὁποῖοι ἐξέθεσαν τὰς ἀπόψεις των ἐπὶ τῶν ζητημάτων.

ΥΨΩΣΗ ΚΑΤΑ 8,4% ΕΙΣ ΤΗΝ ΡΩΣΣΙΑΝ Η ΒΙΟΜΗΧΑΝΙΚΗ ΠΑΡΑΓΩΓΗ

ΑΘΗΝΑΙ, 21. — Ὑπὸ τοῦ ὑπουργείου ἀνεκοινώθη ὅτι κατὰ τὸ προσεχὲς ἔτος θὰ διατεθοῦν τὰ ἀπαιτούμενα ποσὰ διὰ τὴν ἐκτέλεσιν τῶν ἔργων τὰ ὁποῖα ἔχουν προγραμματισθῆ. Αἱ ἀρμόδιαι ὑπηρεσίαι ἔλαβον ἐντολὴν ὅπως προβοῦν εἰς τὰς ἀναγκαίας ἐνεργείας διὰ τὴν ταχυτέραν διεκπεραίωσιν τῶν σχετικῶν ὑποθέσεων, καθ' ὅσον ἡ κυβέρνησις ἐπιθυμεῖ νὰ ἀντιμετωπίσῃ ταῦτα ἐντὸς τοῦ ταχυτέρου δυνατοῦ χρονικοῦ διαστήματος. Ἐξ ἄλλου, ὡς ἐπληροφορήθημεν, εἰς τὴν σύσκεψιν ἔλαβον μέρος καὶ οἱ ἐκπρόσωποι τῶν ἐνδιαφερομένων ὀργανώσεων, οἱ ὁποῖοι ἐξέθεσαν τὰς ἀπόψεις των ἐπὶ τῶν ζητημάτων.

ΑΛΓΕΡΙΝΟΣ ΕΚΠΡΟΣΩΠΟΣ ΕΦΘΑΣΕΝ ΕΙΣ ΤΗΝ ΑΒΑΝΑΝ

ΑΘΗΝΑΙ, 21. — Ὑπὸ τοῦ ὑπουργείου ἀνεκοινώθη ὅτι κατὰ τὸ προσεχὲς ἔτος θὰ διατεθοῦν τὰ ἀπαιτούμενα ποσὰ διὰ τὴν ἐκτέλεσιν τῶν ἔργων τὰ ὁποῖα ἔχουν προγραμματισθῆ. Αἱ ἀρμόδιαι ὑπηρεσίαι ἔλαβον ἐντολὴν ὅπως προβοῦν εἰς τὰς ἀναγκαίας ἐνεργείας διὰ τὴν ταχυτέραν διεκπεραίωσιν τῶν σχετικῶν ὑποθέσεων, καθ' ὅσον ἡ κυβέρνησις ἐπιθυμεῖ νὰ ἀντιμετωπίσῃ ταῦτα ἐντὸς τοῦ ταχυτέρου δυνατοῦ χρονικοῦ διαστήματος. Ἐξ ἄλλου, ὡς ἐπληροφορήθημεν, εἰς τὴν σύσκεψιν ἔλαβον μέρος καὶ οἱ ἐκπρόσωποι τῶν ἐνδιαφερομένων ὀργανώσεων, οἱ ὁποῖοι ἐξέθεσαν τὰς ἀπόψεις των ἐπὶ τῶν ζητημάτων.

ΕΠΙΣΤΟΛΑΙ ΠΡΟΣ ΤΗΝ «ΜΑΚΕΔΟΝΙΑΝ»
(ΟΙ ΣΠΟΥΔΑΣΤΑΙ ΤΗΣ ΣΧΟΛΗΣ ΤΥΦΛΩΝ)

ΑΘΗΝΑΙ, 21. — Ὑπὸ τοῦ ὑπουργείου ἀνεκοινώθη ὅτι κατὰ τὸ προσεχὲς ἔτος θὰ διατεθοῦν τὰ ἀπαιτούμενα ποσὰ διὰ τὴν ἐκτέλεσιν τῶν ἔργων τὰ ὁποῖα ἔχουν προγραμματισθῆ. Αἱ ἀρμόδιαι ὑπηρεσίαι ἔλαβον ἐντολὴν ὅπως προβοῦν εἰς τὰς ἀναγκαίας ἐνεργείας διὰ τὴν ταχυτέραν διεκπεραίωσιν τῶν σχετικῶν ὑποθέσεων, καθ' ὅσον ἡ κυβέρνησις ἐπιθυμεῖ νὰ ἀντιμετωπίσῃ ταῦτα ἐντὸς τοῦ ταχυτέρου δυνατοῦ χρονικοῦ διαστήματος. Ἐξ ἄλλου, ὡς ἐπληροφορήθημεν, εἰς τὴν σύσκεψιν ἔλαβον μέρος καὶ οἱ ἐκπρόσωποι τῶν ἐνδιαφερομένων ὀργανώσεων, οἱ ὁποῖοι ἐξέθεσαν τὰς ἀπόψεις των ἐπὶ τῶν ζητημάτων.

ΑΘΗΝΑΙ, 21. — Ὑπὸ τοῦ ὑπουργείου ἀνεκοινώθη ὅτι κατὰ τὸ προσεχὲς ἔτος θὰ διατεθοῦν τὰ ἀπαιτούμενα ποσὰ διὰ τὴν ἐκτέλεσιν τῶν ἔργων τὰ ὁποῖα ἔχουν προγραμματισθῆ. Αἱ ἀρμόδιαι ὑπηρεσίαι ἔλαβον ἐντολὴν ὅπως προβοῦν εἰς τὰς ἀναγκαίας ἐνεργείας διὰ τὴν ταχυτέραν διεκπεραίωσιν τῶν σχετικῶν ὑποθέσεων, καθ' ὅσον ἡ κυβέρνησις ἐπιθυμεῖ νὰ ἀντιμετωπίσῃ ταῦτα ἐντὸς τοῦ ταχυτέρου δυνατοῦ χρονικοῦ διαστήματος. Ἐξ ἄλλου, ὡς ἐπληροφορήθημεν, εἰς τὴν σύσκεψιν ἔλαβον μέρος καὶ οἱ ἐκπρόσωποι τῶν ἐνδιαφερομένων ὀργανώσεων, οἱ ὁποῖοι ἐξέθεσαν τὰς ἀπόψεις των ἐπὶ τῶν ζητημάτων.

(Η ΚΑΤΕΔΑΦΙΣΙΣ ΑΥΘΑΙΡΕΤΟΥ ΚΤΙΣΜΑΤΟΣ)

ΑΘΗΝΑΙ, 21. — Ὑπὸ τοῦ ὑπουργείου ἀνεκοινώθη ὅτι κατὰ τὸ προσεχὲς ἔτος θὰ διατεθοῦν τὰ ἀπαιτούμενα ποσὰ διὰ τὴν ἐκτέλεσιν τῶν ἔργων τὰ ὁποῖα ἔχουν προγραμματισθῆ. Αἱ ἀρμόδιαι ὑπηρεσίαι ἔλαβον ἐντολὴν ὅπως προβοῦν εἰς τὰς ἀναγκαίας ἐνεργείας διὰ τὴν ταχυτέραν διεκπεραίωσιν τῶν σχετικῶν ὑποθέσεων, καθ' ὅσον ἡ κυβέρνησις ἐπιθυμεῖ νὰ ἀντιμετωπίσῃ ταῦτα ἐντὸς τοῦ ταχυτέρου δυνατοῦ χρονικοῦ διαστήματος. Ἐξ ἄλλου, ὡς ἐπληροφορήθημεν, εἰς τὴν σύσκεψιν ἔλαβον μέρος καὶ οἱ ἐκπρόσωποι τῶν ἐνδιαφερομένων ὀργανώσεων, οἱ ὁποῖοι ἐξέθεσαν τὰς ἀπόψεις των ἐπὶ τῶν ζητημάτων.

ΑΘΗΝΑΙ, 21. — Ὑπὸ τοῦ ὑπουργείου ἀνεκοινώθη ὅτι κατὰ τὸ προσεχὲς ἔτος θὰ διατεθοῦν τὰ ἀπαιτούμενα ποσὰ διὰ τὴν ἐκτέλεσιν τῶν ἔργων τὰ ὁποῖα ἔχουν προγραμματισθῆ. Αἱ ἀρμόδιαι ὑπηρεσίαι ἔλαβον ἐντολὴν ὅπως προβοῦν εἰς τὰς ἀναγκαίας ἐνεργείας διὰ τὴν ταχυτέραν διεκπεραίωσιν τῶν σχετικῶν ὑποθέσεων, καθ' ὅσον ἡ κυβέρνησις ἐπιθυμεῖ νὰ ἀντιμετωπίσῃ ταῦτα ἐντὸς τοῦ ταχυτέρου δυνατοῦ χρονικοῦ διαστήματος. Ἐξ ἄλλου, ὡς ἐπληροφορήθημεν, εἰς τὴν σύσκεψιν ἔλαβον μέρος καὶ οἱ ἐκπρόσωποι τῶν ἐνδιαφερομένων ὀργανώσεων, οἱ ὁποῖοι ἐξέθεσαν τὰς ἀπόψεις των ἐπὶ τῶν ζητημάτων.

(ΤΟ ΝΑΥΑΓΙΟΝ ΤΩΝ ΝΑΥΤΟΠΡΟΣΚΟΠΩΝ)

ΑΘΗΝΑΙ, 21. — Ὑπὸ τοῦ ὑπουργείου ἀνεκοινώθη ὅτι κατὰ τὸ προσεχὲς ἔτος θὰ διατεθοῦν τὰ ἀπαιτούμενα ποσὰ διὰ τὴν ἐκτέλεσιν τῶν ἔργων τὰ ὁποῖα ἔχουν προγραμματισθῆ. Αἱ ἀρμόδιαι ὑπηρεσίαι ἔλαβον ἐντολὴν ὅπως προβοῦν εἰς τὰς ἀναγκαίας ἐνεργείας διὰ τὴν ταχυτέραν διεκπεραίωσιν τῶν σχετικῶν ὑποθέσεων, καθ' ὅσον ἡ κυβέρνησις ἐπιθυμεῖ νὰ ἀντιμετωπίσῃ ταῦτα ἐντὸς τοῦ ταχυτέρου δυνατοῦ χρονικοῦ διαστήματος. Ἐξ ἄλλου, ὡς ἐπληροφορήθημεν, εἰς τὴν σύσκεψιν ἔλαβον μέρος καὶ οἱ ἐκπρόσωποι τῶν ἐνδιαφερομένων ὀργανώσεων, οἱ ὁποῖοι ἐξέθεσαν τὰς ἀπόψεις των ἐπὶ τῶν ζητημάτων.

ΑΘΗΝΑΙ, 21. — Ὑπὸ τοῦ ὑπουργείου ἀνεκοινώθη ὅτι κατὰ τὸ προσεχὲς ἔτος θὰ διατεθοῦν τὰ ἀπαιτούμενα ποσὰ διὰ τὴν ἐκτέλεσιν τῶν ἔργων τὰ ὁποῖα ἔχουν προγραμματισθῆ. Αἱ ἀρμόδιαι ὑπηρεσίαι ἔλαβον ἐντολὴν ὅπως προβοῦν εἰς τὰς ἀναγκαίας ἐνεργείας διὰ τὴν ταχυτέραν διεκπεραίωσιν τῶν σχετικῶν ὑποθέσεων, καθ' ὅσον ἡ κυβέρνησις ἐπιθυμεῖ νὰ ἀντιμετωπίσῃ ταῦτα ἐντὸς τοῦ ταχυτέρου δυνατοῦ χρονικοῦ διαστήματος. Ἐξ ἄλλου, ὡς ἐπληροφορήθημεν, εἰς τὴν σύσκεψιν ἔλαβον μέρος καὶ οἱ ἐκπρόσωποι τῶν ἐνδιαφερομένων ὀργανώσεων, οἱ ὁποῖοι ἐξέθεσαν τὰς ἀπόψεις των ἐπὶ τῶν ζητημάτων.

(Η ΤΟΥΡΙΣΤΙΚΗ ΑΚΤΗ)

ΑΘΗΝΑΙ, 21. — Ὑπὸ τοῦ ὑπουργείου ἀνεκοινώθη ὅτι κατὰ τὸ προσεχὲς ἔτος θὰ διατεθοῦν τὰ ἀπαιτούμενα ποσὰ διὰ τὴν ἐκτέλεσιν τῶν ἔργων τὰ ὁποῖα ἔχουν προγραμματισθῆ. Αἱ ἀρμόδιαι ὑπηρεσίαι ἔλαβον ἐντολὴν ὅπως προβοῦν εἰς τὰς ἀναγκαίας ἐνεργείας διὰ τὴν ταχυτέραν διεκπεραίωσιν τῶν σχετικῶν ὑποθέσεων, καθ' ὅσον ἡ κυβέρνησις ἐπιθυμεῖ νὰ ἀντιμετωπίσῃ ταῦτα ἐντὸς τοῦ ταχυτέρου δυνατοῦ χρονικοῦ διαστήματος. Ἐξ ἄλλου, ὡς ἐπληροφορήθημεν, εἰς τὴν σύσκεψιν ἔλαβον μέρος καὶ οἱ ἐκπρόσωποι τῶν ἐνδιαφερομένων ὀργανώσεων, οἱ ὁποῖοι ἐξέθεσαν τὰς ἀπόψεις των ἐπὶ τῶν ζητημάτων.

ΑΘΗΝΑΙ, 21. — Ὑπὸ τοῦ ὑπουργείου ἀνεκοινώθη ὅτι κατὰ τὸ προσεχὲς ἔτος θὰ διατεθοῦν τὰ ἀπαιτούμενα ποσὰ διὰ τὴν ἐκτέλεσιν τῶν ἔργων τὰ ὁποῖα ἔχουν προγραμματισθῆ. Αἱ ἀρμόδιαι ὑπηρεσίαι ἔλαβον ἐντολὴν ὅπως προβοῦν εἰς τὰς ἀναγκαίας ἐνεργείας διὰ τὴν ταχυτέραν διεκπεραίωσιν τῶν σχετικῶν ὑποθέσεων, καθ' ὅσον ἡ κυβέρνησις ἐπιθυμεῖ νὰ ἀντιμετωπίσῃ ταῦτα ἐντὸς τοῦ ταχυτέρου δυνατοῦ χρονικοῦ διαστήματος. Ἐξ ἄλλου, ὡς ἐπληροφορήθημεν, εἰς τὴν σύσκεψιν ἔλαβον μέρος καὶ οἱ ἐκπρόσωποι τῶν ἐνδιαφερομένων ὀργανώσεων, οἱ ὁποῖοι ἐξέθεσαν τὰς ἀπόψεις των ἐπὶ τῶν ζητημάτων.

ΑΘΗΝΑΙ, 21. — Ὑπὸ τοῦ ὑπουργείου ἀνεκοινώθη ὅτι κατὰ τὸ προσεχὲς ἔτος θὰ διατεθοῦν τὰ ἀπαιτούμενα ποσὰ διὰ τὴν ἐκτέλεσιν τῶν ἔργων τὰ ὁποῖα ἔχουν προγραμματισθῆ. Αἱ ἀρμόδιαι ὑπηρεσίαι ἔλαβον ἐντολὴν ὅπως προβοῦν εἰς τὰς ἀναγκαίας ἐνεργείας διὰ τὴν ταχυτέραν διεκπεραίωσιν τῶν σχετικῶν ὑποθέσεων, καθ' ὅσον ἡ κυβέρνησις ἐπιθυμεῖ νὰ ἀντιμετωπίσῃ ταῦτα ἐντὸς τοῦ ταχυτέρου δυνατοῦ χρονικοῦ διαστήματος. Ἐξ ἄλλου, ὡς ἐπληροφορήθημεν, εἰς τὴν σύσκεψιν ἔλαβον μέρος καὶ οἱ ἐκπρόσωποι τῶν ἐνδιαφερομένων ὀργανώσεων, οἱ ὁποῖοι ἐξέθεσαν τὰς ἀπόψεις των ἐπὶ τῶν ζητημάτων.

ΝΙΚΟΣ ΚΑΣΤΡΙΝΟΣ
